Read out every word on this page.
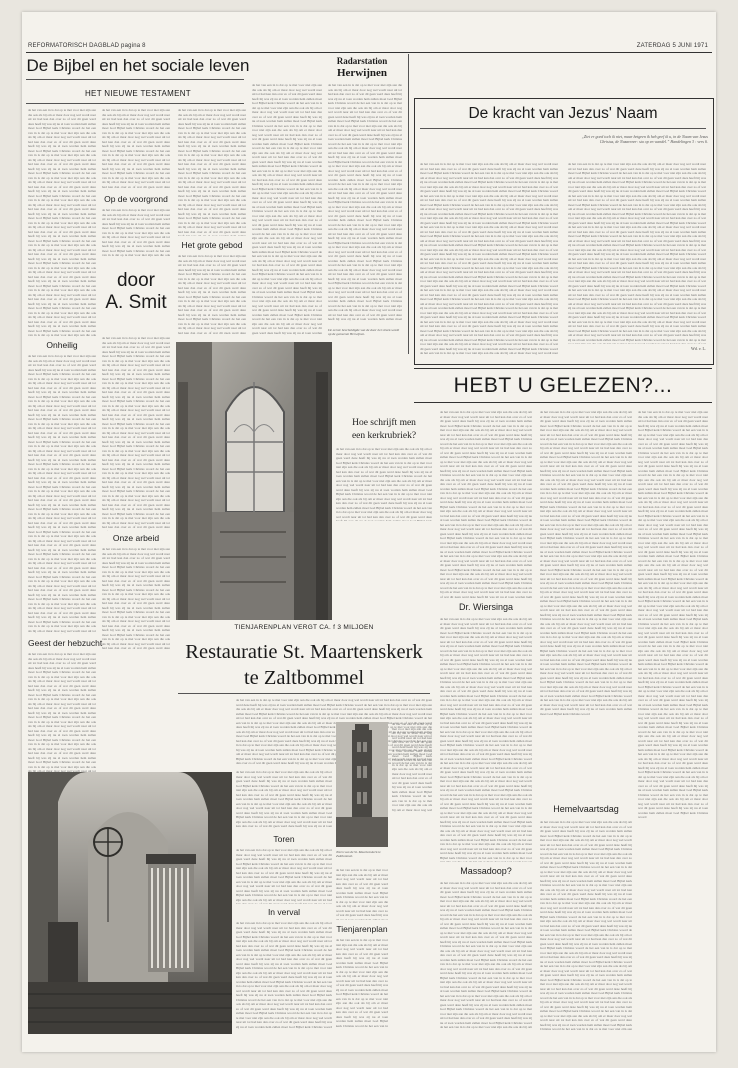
REFORMATORISCH DAGBLAD pagina 8	ZATERDAG 5 JUNI 1971
De Bijbel en het sociale leven
HET NIEUWE TESTAMENT
de het van een in is dat op te met voor niet zijn aan die ook als bij om er maar door nog wel wordt naar uit tot had kan dan over zo of wat dit geen werd deze heeft hij was zij nu al toen worden hem zullen moet God Bijbel kerk Christus woord de het een van in is dat op te met voor niet zijn aan die ook als bij om er maar door nog wel wordt naar uit tot had kan dan over zo of wat dit geen werd deze heeft hij was zij nu al toen worden hem zullen moet God Bijbel kerk Christus woord de het een van in is dat op te met voor niet zijn aan die ook als bij om er maar door nog wel wordt naar uit tot had kan dan over zo of wat dit geen werd deze heeft hij was zij nu al toen worden hem zullen moet God Bijbel kerk Christus woord de het een van in is dat op te met voor niet zijn aan die ook als bij om er maar door nog wel wordt naar uit tot had kan dan over zo of wat dit geen werd deze heeft hij was zij nu al toen worden hem zullen moet God Bijbel kerk Christus woord de het een van in is dat op te met voor niet zijn aan die ook als bij om er maar door nog wel wordt naar uit tot had kan dan over zo of wat dit geen werd deze heeft hij was zij nu al toen worden hem zullen moet God Bijbel kerk Christus woord de het een van in is dat op te met voor niet zijn aan die ook als bij om er maar door nog wel wordt naar uit tot had kan dan over zo of wat dit geen werd deze heeft hij was zij nu al toen worden hem zullen moet God Bijbel kerk Christus woord de het een van in is dat op te met voor niet zijn aan die ook als bij om er maar door nog wel wordt naar uit tot had kan dan over zo of wat dit geen werd deze heeft hij was zij nu al toen worden hem zullen moet God Bijbel kerk Christus woord de het een van in is dat op te met voor niet zijn aan die ook als bij om er maar door nog wel wordt naar uit tot had kan dan over zo of wat dit geen werd deze heeft hij was zij nu al toen worden hem zullen moet God Bijbel kerk Christus woord de het een van in is dat op te met voor niet zijn aan die ook als bij om er maar door nog wel wordt naar uit tot had kan dan over zo of wat dit geen werd deze heeft hij was zij nu al toen worden hem zullen moet God Bijbel kerk Christus woord de het een van in is dat op te met voor niet zijn aan die ook als bij om er maar door nog wel wordt naar uit tot had kan dan over zo of wat dit geen werd deze heeft hij was zij nu al toen worden hem zullen moet God Bijbel kerk Christus woord de het een van in is dat op te met voor niet zijn aan die ook als bij om er maar door nog wel wordt naar uit tot had kan dan over zo of wat dit geen werd deze heeft hij was zij nu al toen worden hem zullen moet God Bijbel kerk Christus woord de het een van in is dat op te met voor niet zijn aan die ook als bij om er maar door nog wel wordt naar uit tot had kan dan over zo of wat dit geen werd deze heeft hij was zij nu al toen worden hem zullen moet God Bijbel kerk Christus woord de het een van in is dat op te met voor niet zijn aan die ook als bij om er maar door nog wel wordt naar uit tot had kan dan over zo of wat dit geen werd deze heeft hij was zij nu al toen worden hem zullen moet God Bijbel kerk Christus woord de het een van in is dat op te met voor niet zijn aan die ook als bij om er maar door nog wel wordt naar uit tot had kan dan over zo of wat dit geen werd deze heeft hij was zij nu al toen worden hem zullen moet God Bijbel kerk Christus woord de het een van in is dat op te met voor niet zijn aan die ook als bij om er maar door nog wel wordt naar uit tot had kan dan over zo of wat dit geen werd deze heeft hij was zij nu al toen worden hem zullen moet God Bijbel kerk Christus woord de het een van in is dat op te met voor niet zijn aan die ook als bij om er maar door nog wel wordt naar uit tot had kan dan over zo of wat dit geen werd deze heeft hij was zij nu al toen worden hem zullen moet God Bijbel kerk Christus woord de het een van in is dat op te met voor niet zijn aan die ook als bij om er maar door nog wel wordt naar uit tot had kan dan over zo of wat dit geen werd deze heeft hij was zij nu al toen worden hem zullen moet God Bijbel kerk Christus woord de het een van in is dat op te met voor niet zijn aan die ook als bij om er maar door nog wel wordt naar uit tot had kan dan over zo of wat dit geen werd deze heeft hij was zij nu al toen worden hem zullen moet God Bijbel kerk Christus woord de het een van in is dat op te met voor niet zijn aan die ook als bij om er maar door nog wel wordt naar uit tot had kan dan over zo of wat dit geen werd deze heeft hij was zij nu al toen worden hem zullen moet God Bijbel kerk Christus woord
Onheilig
de het van een in is dat op te met voor niet zijn aan die ook als bij om er maar door nog wel wordt naar uit tot had kan dan over zo of wat dit geen werd deze heeft hij was zij nu al toen worden hem zullen moet God Bijbel kerk Christus woord de het een van in is dat op te met voor niet zijn aan die ook als bij om er maar door nog wel wordt naar uit tot had kan dan over zo of wat dit geen werd deze heeft hij was zij nu al toen worden hem zullen moet God Bijbel kerk Christus woord de het een van in is dat op te met voor niet zijn aan die ook als bij om er maar door nog wel wordt naar uit tot had kan dan over zo of wat dit geen werd deze heeft hij was zij nu al toen worden hem zullen moet God Bijbel kerk Christus woord de het een van in is dat op te met voor niet zijn aan die ook als bij om er maar door nog wel wordt naar uit tot had kan dan over zo of wat dit geen werd deze heeft hij was zij nu al toen worden hem zullen moet God Bijbel kerk Christus woord de het een van in is dat op te met voor niet zijn aan die ook als bij om er maar door nog wel wordt naar uit tot had kan dan over zo of wat dit geen werd deze heeft hij was zij nu al toen worden hem zullen moet God Bijbel kerk Christus woord de het een van in is dat op te met voor niet zijn aan die ook als bij om er maar door nog wel wordt naar uit tot had kan dan over zo of wat dit geen werd deze heeft hij was zij nu al toen worden hem zullen moet God Bijbel kerk Christus woord de het een van in is dat op te met voor niet zijn aan die ook als bij om er maar door nog wel wordt naar uit tot had kan dan over zo of wat dit geen werd deze heeft hij was zij nu al toen worden hem zullen moet God Bijbel kerk Christus woord de het een van in is dat op te met voor niet zijn aan die ook als bij om er maar door nog wel wordt naar uit tot had kan dan over zo of wat dit geen werd deze heeft hij was zij nu al toen worden hem zullen moet God Bijbel kerk Christus woord de het een van in is dat op te met voor niet zijn aan die ook als bij om er maar door nog wel wordt naar uit tot had kan dan over zo of wat dit geen werd deze heeft hij was zij nu al toen worden hem zullen moet God Bijbel kerk Christus woord de het een van in is dat op te met voor niet zijn aan die ook als bij om er maar door nog wel wordt naar uit tot had kan dan over zo of wat dit geen werd deze heeft hij was zij nu al toen worden hem zullen moet God Bijbel kerk Christus woord de het een van in is dat op te met voor niet zijn aan die ook als bij om er maar door nog wel wordt naar uit tot had kan dan over zo of wat dit geen werd deze heeft hij was zij nu al toen worden hem zullen moet God Bijbel kerk Christus woord de het een van in is dat op te met voor niet zijn aan die ook als bij om er maar door nog wel wordt naar uit tot had kan dan over zo of wat dit geen werd deze heeft hij was zij nu al toen worden hem zullen moet God Bijbel kerk Christus woord de het een van in is dat op te met voor niet zijn aan die ook als bij om er maar door nog wel wordt naar uit tot had kan dan over zo of wat dit geen werd deze heeft hij was zij nu al toen worden hem zullen moet God Bijbel kerk Christus woord de het een van in is dat op te met voor niet zijn aan die ook als bij om er maar door nog wel wordt naar uit tot had kan dan over zo of wat dit geen werd deze heeft hij was zij nu al toen worden hem zullen moet God Bijbel kerk Christus woord de het een van in is dat op te met voor niet zijn aan die ook als bij om er maar door nog wel wordt naar uit tot had kan dan over zo of wat dit geen werd deze heeft hij was zij nu al toen worden hem zullen moet God Bijbel kerk Christus woord de het een van in is dat op te met voor niet zijn aan die ook als bij om er maar door nog wel wordt naar uit tot had kan dan over zo of wat dit geen werd deze heeft hij was zij nu al toen worden hem zullen moet God Bijbel kerk Christus woord de het een van in is dat op te met voor niet zijn aan die ook als bij om er maar door nog wel wordt naar uit tot had kan dan over zo of wat dit geen werd deze heeft hij was zij nu al toen worden hem zullen moet God Bijbel kerk Christus woord de het een van in is dat op te met voor niet zijn aan die ook als bij om er maar door nog wel wordt naar uit tot had kan dan over zo of wat dit geen werd deze heeft hij was zij nu al toen worden hem zullen moet God Bijbel kerk Christus woord de het een van in is dat op te met voor niet zijn aan die ook als bij om er maar door nog wel wordt naar uit tot had kan dan over zo of wat dit geen werd deze heeft hij was zij nu al toen worden hem zullen moet God Bijbel kerk Christus woord
Geest der hebzucht
de het van een in is dat op te met voor niet zijn aan die ook als bij om er maar door nog wel wordt naar uit tot had kan dan over zo of wat dit geen werd deze heeft hij was zij nu al toen worden hem zullen moet God Bijbel kerk Christus woord de het een van in is dat op te met voor niet zijn aan die ook als bij om er maar door nog wel wordt naar uit tot had kan dan over zo of wat dit geen werd deze heeft hij was zij nu al toen worden hem zullen moet God Bijbel kerk Christus woord de het een van in is dat op te met voor niet zijn aan die ook als bij om er maar door nog wel wordt naar uit tot had kan dan over zo of wat dit geen werd deze heeft hij was zij nu al toen worden hem zullen moet God Bijbel kerk Christus woord de het een van in is dat op te met voor niet zijn aan die ook als bij om er maar door nog wel wordt naar uit tot had kan dan over zo of wat dit geen werd deze heeft hij was zij nu al toen worden hem zullen moet God Bijbel kerk Christus woord de het een van in is dat op te met voor niet zijn aan die ook als bij om er maar door nog wel wordt naar uit tot had kan dan over zo of wat dit geen werd deze heeft hij was zij nu al toen worden hem zullen moet God Bijbel kerk Christus woord de het een van in is dat op te met voor niet zijn aan die ook als bij om er maar door nog wel wordt naar uit tot had kan dan over zo of wat dit geen werd deze heeft hij was zij nu al toen worden hem zullen moet God Bijbel kerk Christus woord de het een van in is dat op te met voor niet zijn aan die ook als bij om er maar door nog wel wordt naar uit tot had kan dan over zo of wat dit geen werd deze heeft hij was zij nu al toen worden hem zullen moet God Bijbel kerk Christus woord de het een van in is dat op te met voor niet zijn aan die ook als bij om er maar door nog wel wordt naar uit tot had kan dan over zo of wat dit geen werd deze heeft hij was zij nu al toen worden hem zullen moet God Bijbel kerk Christus woord de het een van in is dat op te met voor niet zijn aan die ook als bij om er maar door nog wel wordt naar uit tot had kan dan over zo of wat dit geen werd deze heeft hij was zij nu al toen worden hem zullen moet God Bijbel kerk Christus woord de het een van in is dat op te met voor niet zijn aan die ook als bij om er maar door nog wel wordt naar uit tot had kan dan over zo of wat dit geen werd deze heeft hij was zij nu al toen worden hem zullen moet God Bijbel kerk Christus woord de het een van in is dat op te met voor niet zijn aan die ook als bij om er maar door nog wel wordt naar uit tot had kan dan over zo of wat dit geen werd deze heeft hij was zij nu al toen worden hem zullen moet God Bijbel kerk Christus woord de het een van in is dat op te met voor niet zijn aan die ook als bij om er maar door nog wel wordt naar uit tot had kan dan over zo of wat dit geen werd deze heeft hij was zij nu al toen worden hem zullen moet God Bijbel kerk Christus woord de het een van in is dat op te met voor niet zijn aan die ook als bij om er maar door nog wel wordt naar uit tot had kan dan over zo of wat dit geen werd deze heeft hij was zij nu al toen worden hem zullen moet God Bijbel kerk Christus woord de het een van in is dat op te met voor niet zijn aan die ook als bij om er maar door nog wel wordt naar uit tot had kan dan over zo of wat dit geen werd deze heeft hij was zij nu al toen worden hem zullen moet God Bijbel kerk Christus woord de het een van in is dat op te met voor niet zijn aan die ook als bij om er maar door nog wel wordt naar uit tot had kan dan over zo of wat dit geen werd deze heeft hij was zij nu al toen worden hem zullen moet God Bijbel kerk Christus woord de het een van in is dat op te met voor niet zijn aan die ook als bij om er maar door nog wel wordt naar uit tot had kan dan over zo of wat dit geen werd deze heeft hij was zij nu al toen worden hem zullen moet God Bijbel kerk Christus woord de het een van in is dat op te met voor niet zijn aan die ook als bij om er maar door nog wel wordt naar uit tot had kan dan over zo of wat dit geen werd deze heeft hij was zij nu al toen worden hem zullen moet God Bijbel kerk Christus woord de het een van in is dat op te met voor niet zijn aan die ook als bij om er maar door nog wel wordt naar uit tot had kan dan over zo of wat dit geen werd deze heeft hij was zij nu al toen worden hem zullen moet God Bijbel kerk Christus woord de het een van in is dat op te met voor niet zijn aan die ook als bij om er maar door nog wel wordt naar uit tot had kan dan over zo of wat dit geen werd deze heeft hij was zij nu al toen worden hem zullen moet God Bijbel kerk Christus woord
de het van een in is dat op te met voor niet zijn aan die ook als bij om er maar door nog wel wordt naar uit tot had kan dan over zo of wat dit geen werd deze heeft hij was zij nu al toen worden hem zullen moet God Bijbel kerk Christus woord de het een van in is dat op te met voor niet zijn aan die ook als bij om er maar door nog wel wordt naar uit tot had kan dan over zo of wat dit geen werd deze heeft hij was zij nu al toen worden hem zullen moet God Bijbel kerk Christus woord de het een van in is dat op te met voor niet zijn aan die ook als bij om er maar door nog wel wordt naar uit tot had kan dan over zo of wat dit geen werd deze heeft hij was zij nu al toen worden hem zullen moet God Bijbel kerk Christus woord de het een van in is dat op te met voor niet zijn aan die ook als bij om er maar door nog wel wordt naar uit tot had kan dan over zo of wat dit geen werd deze heeft hij was zij nu al toen worden hem zullen moet God Bijbel kerk Christus woord de het een van in is dat op te met voor niet zijn aan die ook als bij om er maar door nog wel wordt naar uit tot had kan dan over zo of wat dit geen werd deze heeft hij was zij nu al toen worden hem zullen moet God Bijbel kerk Christus woord de het een van in is dat op te met voor niet zijn aan die ook als bij om er maar door nog wel wordt naar uit tot had kan dan over zo of wat dit geen werd deze heeft hij was zij nu al toen worden hem zullen moet God Bijbel kerk Christus woord de het een van in is dat op te met voor niet zijn aan die ook als bij om er maar door nog wel wordt naar uit tot had kan dan over zo of wat dit geen werd deze heeft hij was zij nu al toen worden hem zullen moet God Bijbel kerk Christus woord de het een van in is dat op te met voor niet zijn aan die ook als bij om er maar door nog wel wordt naar uit tot had kan dan over zo of wat dit geen werd deze heeft hij was zij nu al toen worden hem zullen moet God Bijbel kerk Christus woord de het een van in is dat op te met voor niet zijn aan die ook als bij om er maar door nog wel wordt naar uit tot had kan dan over zo of wat dit geen werd deze heeft hij was zij nu al toen worden hem zullen moet God Bijbel kerk Christus woord de het een van in is dat op te met voor niet zijn aan die ook als bij om er maar door nog wel wordt naar uit tot had kan dan over zo of wat dit geen werd deze heeft hij was zij nu al toen worden hem zullen moet God Bijbel kerk Christus woord de het een van in is dat op te met voor niet zijn aan die ook als bij om er maar door nog wel wordt naar uit tot had kan dan over zo of wat dit geen werd deze heeft hij was zij nu al toen worden hem zullen moet God Bijbel kerk Christus woord de het een van in is dat op te met voor niet zijn aan die ook als bij om er maar door nog wel wordt naar uit tot had kan dan over zo of wat dit geen werd deze heeft hij was zij nu al toen worden hem zullen moet God Bijbel kerk Christus woord de het een van in is dat op te met voor niet zijn aan die ook als bij om er maar door nog wel wordt naar uit tot had kan dan over zo of wat dit geen werd deze heeft hij was zij nu al toen worden hem zullen moet God Bijbel kerk Christus woord de het een van in is dat op te met voor niet zijn aan die ook als bij om er maar door nog wel wordt naar uit tot had kan dan over zo of wat dit geen werd deze heeft hij was zij nu al toen worden hem zullen moet God Bijbel kerk Christus woord de het een van in is dat op te met voor niet zijn aan die ook als bij om er maar door nog wel wordt naar uit tot had kan dan over zo of wat dit geen werd deze heeft hij was zij nu al toen worden hem zullen moet God Bijbel kerk Christus woord de het een van in is dat op te met voor niet zijn aan die ook als bij om er maar door nog wel wordt naar uit tot had kan dan over zo of wat dit geen werd deze heeft hij was zij nu al toen worden hem zullen moet God Bijbel kerk Christus woord de het een van in is dat op te met voor niet zijn aan die ook als bij om er maar door nog wel wordt naar uit tot had kan dan over zo of wat dit geen werd deze heeft hij was zij nu al toen worden hem zullen moet God Bijbel kerk Christus woord de het een van in is dat op te met voor niet zijn aan die ook als bij om er maar door nog wel wordt naar uit tot had kan dan over zo of wat dit geen werd deze heeft hij was zij nu al toen worden hem zullen moet God Bijbel kerk Christus woord de het een van in is dat op te met voor niet zijn aan die ook als bij om er maar door nog wel wordt naar uit tot had kan dan over zo of wat dit geen werd deze heeft hij was zij nu al toen worden hem zullen moet God Bijbel kerk Christus woord
Op de voorgrond
de het van een in is dat op te met voor niet zijn aan die ook als bij om er maar door nog wel wordt naar uit tot had kan dan over zo of wat dit geen werd deze heeft hij was zij nu al toen worden hem zullen moet God Bijbel kerk Christus woord de het een van in is dat op te met voor niet zijn aan die ook als bij om er maar door nog wel wordt naar uit tot had kan dan over zo of wat dit geen werd deze heeft hij was zij nu al toen worden hem zullen moet God Bijbel kerk Christus woord de het een van in is dat op te met voor niet zijn aan die ook als bij om er maar door nog wel wordt naar uit tot had kan dan over zo of wat dit geen werd deze heeft hij was zij nu al toen worden hem zullen moet God Bijbel kerk Christus woord de het een van in is dat op te met voor niet zijn aan die ook als bij om er maar door nog wel wordt naar uit tot had kan dan over zo of wat dit geen werd deze heeft hij was zij nu al toen worden hem zullen moet God Bijbel kerk Christus woord de het een van in is dat op te met voor niet zijn aan die ook als bij om er maar door nog wel wordt naar uit tot had kan dan over zo of wat dit geen werd deze heeft hij was zij nu al toen worden hem zullen moet God Bijbel kerk Christus woord de het een van in is dat op te met voor niet zijn aan die ook als bij om er maar door nog wel wordt naar uit tot had kan dan over zo of wat dit geen werd deze heeft hij was zij nu al toen worden hem zullen moet God Bijbel kerk Christus woord de het een van in is dat op te met voor niet zijn aan die ook als bij om er maar door nog wel wordt naar uit tot had kan dan over zo of wat dit geen werd deze heeft hij was zij nu al toen worden hem zullen moet God Bijbel kerk Christus woord de het een van in is dat op te met voor niet zijn aan die ook als bij om er maar door nog wel wordt naar uit tot had kan dan over zo of wat dit geen werd deze heeft hij was zij nu al toen worden hem zullen moet God Bijbel kerk Christus woord de het een van in is dat op te met voor niet zijn aan die ook als bij om er maar door nog wel wordt naar uit tot had kan dan over zo of wat dit geen werd deze heeft hij was zij nu al toen worden hem zullen moet God Bijbel kerk Christus woord de het een van in is dat op te met voor niet zijn aan die ook als bij om er maar door nog wel wordt naar uit tot had kan dan over zo of wat dit geen werd deze heeft hij was zij nu al toen worden hem zullen moet God Bijbel kerk Christus woord de het een van in is dat op te met voor niet zijn aan die ook als bij om er maar door nog wel wordt naar uit tot had kan dan over zo of wat dit geen werd deze heeft hij was zij nu al toen worden hem zullen moet God Bijbel kerk Christus woord de het een van in is dat op te met voor niet zijn aan die ook als bij om er maar door nog wel wordt naar uit tot had kan dan over zo of wat dit geen werd deze heeft hij was zij nu al toen worden hem zullen moet God Bijbel kerk Christus woord de het een van in is dat op te met voor niet zijn aan die ook als bij om er maar door nog wel wordt naar uit tot had kan dan over zo of wat dit geen werd deze heeft hij was zij nu al toen worden hem zullen moet God Bijbel kerk Christus woord de het een van in is dat op te met voor niet zijn aan die ook als bij om er maar door nog wel wordt naar uit tot had kan dan over zo of wat dit geen werd deze heeft hij was zij nu al toen worden hem zullen moet God Bijbel kerk Christus woord de het een van in is dat op te met voor niet zijn aan die ook als bij om er maar door nog wel wordt naar uit tot had kan dan over zo of wat dit geen werd deze heeft hij was zij nu al toen worden hem zullen moet God Bijbel kerk Christus woord de het een van in is dat op te met voor niet zijn aan die ook als bij om er maar door nog wel wordt naar uit tot had kan dan over zo of wat dit geen werd deze heeft hij was zij nu al toen worden hem zullen moet God Bijbel kerk Christus woord de het een van in is dat op te met voor niet zijn aan die ook als bij om er maar door nog wel wordt naar uit tot had kan dan over zo of wat dit geen werd deze heeft hij was zij nu al toen worden hem zullen moet God Bijbel kerk Christus woord de het een van in is dat op te met voor niet zijn aan die ook als bij om er maar door nog wel wordt naar uit tot had kan dan over zo of wat dit geen werd deze heeft hij was zij nu al toen worden hem zullen moet God Bijbel kerk Christus woord de het een van in is dat op te met voor niet zijn aan die ook als bij om er maar door nog wel wordt naar uit tot had kan dan over zo of wat dit geen werd deze heeft hij was zij nu al toen worden hem zullen moet God Bijbel kerk Christus woord
door
A. Smit
de het van een in is dat op te met voor niet zijn aan die ook als bij om er maar door nog wel wordt naar uit tot had kan dan over zo of wat dit geen werd deze heeft hij was zij nu al toen worden hem zullen moet God Bijbel kerk Christus woord de het een van in is dat op te met voor niet zijn aan die ook als bij om er maar door nog wel wordt naar uit tot had kan dan over zo of wat dit geen werd deze heeft hij was zij nu al toen worden hem zullen moet God Bijbel kerk Christus woord de het een van in is dat op te met voor niet zijn aan die ook als bij om er maar door nog wel wordt naar uit tot had kan dan over zo of wat dit geen werd deze heeft hij was zij nu al toen worden hem zullen moet God Bijbel kerk Christus woord de het een van in is dat op te met voor niet zijn aan die ook als bij om er maar door nog wel wordt naar uit tot had kan dan over zo of wat dit geen werd deze heeft hij was zij nu al toen worden hem zullen moet God Bijbel kerk Christus woord de het een van in is dat op te met voor niet zijn aan die ook als bij om er maar door nog wel wordt naar uit tot had kan dan over zo of wat dit geen werd deze heeft hij was zij nu al toen worden hem zullen moet God Bijbel kerk Christus woord de het een van in is dat op te met voor niet zijn aan die ook als bij om er maar door nog wel wordt naar uit tot had kan dan over zo of wat dit geen werd deze heeft hij was zij nu al toen worden hem zullen moet God Bijbel kerk Christus woord de het een van in is dat op te met voor niet zijn aan die ook als bij om er maar door nog wel wordt naar uit tot had kan dan over zo of wat dit geen werd deze heeft hij was zij nu al toen worden hem zullen moet God Bijbel kerk Christus woord de het een van in is dat op te met voor niet zijn aan die ook als bij om er maar door nog wel wordt naar uit tot had kan dan over zo of wat dit geen werd deze heeft hij was zij nu al toen worden hem zullen moet God Bijbel kerk Christus woord de het een van in is dat op te met voor niet zijn aan die ook als bij om er maar door nog wel wordt naar uit tot had kan dan over zo of wat dit geen werd deze heeft hij was zij nu al toen worden hem zullen moet God Bijbel kerk Christus woord de het een van in is dat op te met voor niet zijn aan die ook als bij om er maar door nog wel wordt naar uit tot had kan dan over zo of wat dit geen werd deze heeft hij was zij nu al toen worden hem zullen moet God Bijbel kerk Christus woord de het een van in is dat op te met voor niet zijn aan die ook als bij om er maar door nog wel wordt naar uit tot had kan dan over zo of wat dit geen werd deze heeft hij was zij nu al toen worden hem zullen moet God Bijbel kerk Christus woord de het een van in is dat op te met voor niet zijn aan die ook als bij om er maar door nog wel wordt naar uit tot had kan dan over zo of wat dit geen werd deze heeft hij was zij nu al toen worden hem zullen moet God Bijbel kerk Christus woord de het een van in is dat op te met voor niet zijn aan die ook als bij om er maar door nog wel wordt naar uit tot had kan dan over zo of wat dit geen werd deze heeft hij was zij nu al toen worden hem zullen moet God Bijbel kerk Christus woord de het een van in is dat op te met voor niet zijn aan die ook als bij om er maar door nog wel wordt naar uit tot had kan dan over zo of wat dit geen werd deze heeft hij was zij nu al toen worden hem zullen moet God Bijbel kerk Christus woord de het een van in is dat op te met voor niet zijn aan die ook als bij om er maar door nog wel wordt naar uit tot had kan dan over zo of wat dit geen werd deze heeft hij was zij nu al toen worden hem zullen moet God Bijbel kerk Christus woord de het een van in is dat op te met voor niet zijn aan die ook als bij om er maar door nog wel wordt naar uit tot had kan dan over zo of wat dit geen werd deze heeft hij was zij nu al toen worden hem zullen moet God Bijbel kerk Christus woord de het een van in is dat op te met voor niet zijn aan die ook als bij om er maar door nog wel wordt naar uit tot had kan dan over zo of wat dit geen werd deze heeft hij was zij nu al toen worden hem zullen moet God Bijbel kerk Christus woord de het een van in is dat op te met voor niet zijn aan die ook als bij om er maar door nog wel wordt naar uit tot had kan dan over zo of wat dit geen werd deze heeft hij was zij nu al toen worden hem zullen moet God Bijbel kerk Christus woord de het een van in is dat op te met voor niet zijn aan die ook als bij om er maar door nog wel wordt naar uit tot had kan dan over zo of wat dit geen werd deze heeft hij was zij nu al toen worden hem zullen moet God Bijbel kerk Christus woord
Het grote gebod
de het van een in is dat op te met voor niet zijn aan die ook als bij om er maar door nog wel wordt naar uit tot had kan dan over zo of wat dit geen werd deze heeft hij was zij nu al toen worden hem zullen moet God Bijbel kerk Christus woord de het een van in is dat op te met voor niet zijn aan die ook als bij om er maar door nog wel wordt naar uit tot had kan dan over zo of wat dit geen werd deze heeft hij was zij nu al toen worden hem zullen moet God Bijbel kerk Christus woord de het een van in is dat op te met voor niet zijn aan die ook als bij om er maar door nog wel wordt naar uit tot had kan dan over zo of wat dit geen werd deze heeft hij was zij nu al toen worden hem zullen moet God Bijbel kerk Christus woord de het een van in is dat op te met voor niet zijn aan die ook als bij om er maar door nog wel wordt naar uit tot had kan dan over zo of wat dit geen werd deze heeft hij was zij nu al toen worden hem zullen moet God Bijbel kerk Christus woord de het een van in is dat op te met voor niet zijn aan die ook als bij om er maar door nog wel wordt naar uit tot had kan dan over zo of wat dit geen werd deze heeft hij was zij nu al toen worden hem zullen moet God Bijbel kerk Christus woord de het een van in is dat op te met voor niet zijn aan die ook als bij om er maar door nog wel wordt naar uit tot had kan dan over zo of wat dit geen werd deze heeft hij was zij nu al toen worden hem zullen moet God Bijbel kerk Christus woord de het een van in is dat op te met voor niet zijn aan die ook als bij om er maar door nog wel wordt naar uit tot had kan dan over zo of wat dit geen werd deze heeft hij was zij nu al toen worden hem zullen moet God Bijbel kerk Christus woord de het een van in is dat op te met voor niet zijn aan die ook als bij om er maar door nog wel wordt naar uit tot had kan dan over zo of wat dit geen werd deze heeft hij was zij nu al toen worden hem zullen moet God Bijbel kerk Christus woord de het een van in is dat op te met voor niet zijn aan die ook als bij om er maar door nog wel wordt naar uit tot had kan dan over zo of wat dit geen werd deze heeft hij was zij nu al toen worden hem zullen moet God Bijbel kerk Christus woord de het een van in is dat op te met voor niet zijn aan die ook als bij om er maar door nog wel wordt naar uit tot had kan dan over zo of wat dit geen werd deze heeft hij was zij nu al toen worden hem zullen moet God Bijbel kerk Christus woord de het een van in is dat op te met voor niet zijn aan die ook als bij om er maar door nog wel wordt naar uit tot had kan dan over zo of wat dit geen werd deze heeft hij was zij nu al toen worden hem zullen moet God Bijbel kerk Christus woord de het een van in is dat op te met voor niet zijn aan die ook als bij om er maar door nog wel wordt naar uit tot had kan dan over zo of wat dit geen werd deze heeft hij was zij nu al toen worden hem zullen moet God Bijbel kerk Christus woord de het een van in is dat op te met voor niet zijn aan die ook als bij om er maar door nog wel wordt naar uit tot had kan dan over zo of wat dit geen werd deze heeft hij was zij nu al toen worden hem zullen moet God Bijbel kerk Christus woord de het een van in is dat op te met voor niet zijn aan die ook als bij om er maar door nog wel wordt naar uit tot had kan dan over zo of wat dit geen werd deze heeft hij was zij nu al toen worden hem zullen moet God Bijbel kerk Christus woord de het een van in is dat op te met voor niet zijn aan die ook als bij om er maar door nog wel wordt naar uit tot had kan dan over zo of wat dit geen werd deze heeft hij was zij nu al toen worden hem zullen moet God Bijbel kerk Christus woord de het een van in is dat op te met voor niet zijn aan die ook als bij om er maar door nog wel wordt naar uit tot had kan dan over zo of wat dit geen werd deze heeft hij was zij nu al toen worden hem zullen moet God Bijbel kerk Christus woord de het een van in is dat op te met voor niet zijn aan die ook als bij om er maar door nog wel wordt naar uit tot had kan dan over zo of wat dit geen werd deze heeft hij was zij nu al toen worden hem zullen moet God Bijbel kerk Christus woord de het een van in is dat op te met voor niet zijn aan die ook als bij om er maar door nog wel wordt naar uit tot had kan dan over zo of wat dit geen werd deze heeft hij was zij nu al toen worden hem zullen moet God Bijbel kerk Christus woord de het een van in is dat op te met voor niet zijn aan die ook als bij om er maar door nog wel wordt naar uit tot had kan dan over zo of wat dit geen werd deze heeft hij was zij nu al toen worden hem zullen moet God Bijbel kerk Christus woord
de het van een in is dat op te met voor niet zijn aan die ook als bij om er maar door nog wel wordt naar uit tot had kan dan over zo of wat dit geen werd deze heeft hij was zij nu al toen worden hem zullen moet God Bijbel kerk Christus woord de het een van in is dat op te met voor niet zijn aan die ook als bij om er maar door nog wel wordt naar uit tot had kan dan over zo of wat dit geen werd deze heeft hij was zij nu al toen worden hem zullen moet God Bijbel kerk Christus woord de het een van in is dat op te met voor niet zijn aan die ook als bij om er maar door nog wel wordt naar uit tot had kan dan over zo of wat dit geen werd deze heeft hij was zij nu al toen worden hem zullen moet God Bijbel kerk Christus woord de het een van in is dat op te met voor niet zijn aan die ook als bij om er maar door nog wel wordt naar uit tot had kan dan over zo of wat dit geen werd deze heeft hij was zij nu al toen worden hem zullen moet God Bijbel kerk Christus woord de het een van in is dat op te met voor niet zijn aan die ook als bij om er maar door nog wel wordt naar uit tot had kan dan over zo of wat dit geen werd deze heeft hij was zij nu al toen worden hem zullen moet God Bijbel kerk Christus woord de het een van in is dat op te met voor niet zijn aan die ook als bij om er maar door nog wel wordt naar uit tot had kan dan over zo of wat dit geen werd deze heeft hij was zij nu al toen worden hem zullen moet God Bijbel kerk Christus woord de het een van in is dat op te met voor niet zijn aan die ook als bij om er maar door nog wel wordt naar uit tot had kan dan over zo of wat dit geen werd deze heeft hij was zij nu al toen worden hem zullen moet God Bijbel kerk Christus woord de het een van in is dat op te met voor niet zijn aan die ook als bij om er maar door nog wel wordt naar uit tot had kan dan over zo of wat dit geen werd deze heeft hij was zij nu al toen worden hem zullen moet God Bijbel kerk Christus woord de het een van in is dat op te met voor niet zijn aan die ook als bij om er maar door nog wel wordt naar uit tot had kan dan over zo of wat dit geen werd deze heeft hij was zij nu al toen worden hem zullen moet God Bijbel kerk Christus woord de het een van in is dat op te met voor niet zijn aan die ook als bij om er maar door nog wel wordt naar uit tot had kan dan over zo of wat dit geen werd deze heeft hij was zij nu al toen worden hem zullen moet God Bijbel kerk Christus woord de het een van in is dat op te met voor niet zijn aan die ook als bij om er maar door nog wel wordt naar uit tot had kan dan over zo of wat dit geen werd deze heeft hij was zij nu al toen worden hem zullen moet God Bijbel kerk Christus woord de het een van in is dat op te met voor niet zijn aan die ook als bij om er maar door nog wel wordt naar uit tot had kan dan over zo of wat dit geen werd deze heeft hij was zij nu al toen worden hem zullen moet God Bijbel kerk Christus woord de het een van in is dat op te met voor niet zijn aan die ook als bij om er maar door nog wel wordt naar uit tot had kan dan over zo of wat dit geen werd deze heeft hij was zij nu al toen worden hem zullen moet God Bijbel kerk Christus woord de het een van in is dat op te met voor niet zijn aan die ook als bij om er maar door nog wel wordt naar uit tot had kan dan over zo of wat dit geen werd deze heeft hij was zij nu al toen worden hem zullen moet God Bijbel kerk Christus woord de het een van in is dat op te met voor niet zijn aan die ook als bij om er maar door nog wel wordt naar uit tot had kan dan over zo of wat dit geen werd deze heeft hij was zij nu al toen worden hem zullen moet God Bijbel kerk Christus woord de het een van in is dat op te met voor niet zijn aan die ook als bij om er maar door nog wel wordt naar uit tot had kan dan over zo of wat dit geen werd deze heeft hij was zij nu al toen worden hem zullen moet God Bijbel kerk Christus woord de het een van in is dat op te met voor niet zijn aan die ook als bij om er maar door nog wel wordt naar uit tot had kan dan over zo of wat dit geen werd deze heeft hij was zij nu al toen worden hem zullen moet God Bijbel kerk Christus woord de het een van in is dat op te met voor niet zijn aan die ook als bij om er maar door nog wel wordt naar uit tot had kan dan over zo of wat dit geen werd deze heeft hij was zij nu al toen worden hem zullen moet God Bijbel kerk Christus woord de het een van in is dat op te met voor niet zijn aan die ook als bij om er maar door nog wel wordt naar uit tot had kan dan over zo of wat dit geen werd deze heeft hij was zij nu al toen worden hem zullen moet God Bijbel kerk Christus woord
Onze arbeid
de het van een in is dat op te met voor niet zijn aan die ook als bij om er maar door nog wel wordt naar uit tot had kan dan over zo of wat dit geen werd deze heeft hij was zij nu al toen worden hem zullen moet God Bijbel kerk Christus woord de het een van in is dat op te met voor niet zijn aan die ook als bij om er maar door nog wel wordt naar uit tot had kan dan over zo of wat dit geen werd deze heeft hij was zij nu al toen worden hem zullen moet God Bijbel kerk Christus woord de het een van in is dat op te met voor niet zijn aan die ook als bij om er maar door nog wel wordt naar uit tot had kan dan over zo of wat dit geen werd deze heeft hij was zij nu al toen worden hem zullen moet God Bijbel kerk Christus woord de het een van in is dat op te met voor niet zijn aan die ook als bij om er maar door nog wel wordt naar uit tot had kan dan over zo of wat dit geen werd deze heeft hij was zij nu al toen worden hem zullen moet God Bijbel kerk Christus woord de het een van in is dat op te met voor niet zijn aan die ook als bij om er maar door nog wel wordt naar uit tot had kan dan over zo of wat dit geen werd deze heeft hij was zij nu al toen worden hem zullen moet God Bijbel kerk Christus woord de het een van in is dat op te met voor niet zijn aan die ook als bij om er maar door nog wel wordt naar uit tot had kan dan over zo of wat dit geen werd deze heeft hij was zij nu al toen worden hem zullen moet God Bijbel kerk Christus woord de het een van in is dat op te met voor niet zijn aan die ook als bij om er maar door nog wel wordt naar uit tot had kan dan over zo of wat dit geen werd deze heeft hij was zij nu al toen worden hem zullen moet God Bijbel kerk Christus woord de het een van in is dat op te met voor niet zijn aan die ook als bij om er maar door nog wel wordt naar uit tot had kan dan over zo of wat dit geen werd deze heeft hij was zij nu al toen worden hem zullen moet God Bijbel kerk Christus woord de het een van in is dat op te met voor niet zijn aan die ook als bij om er maar door nog wel wordt naar uit tot had kan dan over zo of wat dit geen werd deze heeft hij was zij nu al toen worden hem zullen moet God Bijbel kerk Christus woord de het een van in is dat op te met voor niet zijn aan die ook als bij om er maar door nog wel wordt naar uit tot had kan dan over zo of wat dit geen werd deze heeft hij was zij nu al toen worden hem zullen moet God Bijbel kerk Christus woord de het een van in is dat op te met voor niet zijn aan die ook als bij om er maar door nog wel wordt naar uit tot had kan dan over zo of wat dit geen werd deze heeft hij was zij nu al toen worden hem zullen moet God Bijbel kerk Christus woord de het een van in is dat op te met voor niet zijn aan die ook als bij om er maar door nog wel wordt naar uit tot had kan dan over zo of wat dit geen werd deze heeft hij was zij nu al toen worden hem zullen moet God Bijbel kerk Christus woord de het een van in is dat op te met voor niet zijn aan die ook als bij om er maar door nog wel wordt naar uit tot had kan dan over zo of wat dit geen werd deze heeft hij was zij nu al toen worden hem zullen moet God Bijbel kerk Christus woord de het een van in is dat op te met voor niet zijn aan die ook als bij om er maar door nog wel wordt naar uit tot had kan dan over zo of wat dit geen werd deze heeft hij was zij nu al toen worden hem zullen moet God Bijbel kerk Christus woord de het een van in is dat op te met voor niet zijn aan die ook als bij om er maar door nog wel wordt naar uit tot had kan dan over zo of wat dit geen werd deze heeft hij was zij nu al toen worden hem zullen moet God Bijbel kerk Christus woord de het een van in is dat op te met voor niet zijn aan die ook als bij om er maar door nog wel wordt naar uit tot had kan dan over zo of wat dit geen werd deze heeft hij was zij nu al toen worden hem zullen moet God Bijbel kerk Christus woord de het een van in is dat op te met voor niet zijn aan die ook als bij om er maar door nog wel wordt naar uit tot had kan dan over zo of wat dit geen werd deze heeft hij was zij nu al toen worden hem zullen moet God Bijbel kerk Christus woord de het een van in is dat op te met voor niet zijn aan die ook als bij om er maar door nog wel wordt naar uit tot had kan dan over zo of wat dit geen werd deze heeft hij was zij nu al toen worden hem zullen moet God Bijbel kerk Christus woord de het een van in is dat op te met voor niet zijn aan die ook als bij om er maar door nog wel wordt naar uit tot had kan dan over zo of wat dit geen werd deze heeft hij was zij nu al toen worden hem zullen moet God Bijbel kerk Christus woord
Radarstation
Herwijnen
de het van een in is dat op te met voor niet zijn aan die ook als bij om er maar door nog wel wordt naar uit tot had kan dan over zo of wat dit geen werd deze heeft hij was zij nu al toen worden hem zullen moet God Bijbel kerk Christus woord de het een van in is dat op te met voor niet zijn aan die ook als bij om er maar door nog wel wordt naar uit tot had kan dan over zo of wat dit geen werd deze heeft hij was zij nu al toen worden hem zullen moet God Bijbel kerk Christus woord de het een van in is dat op te met voor niet zijn aan die ook als bij om er maar door nog wel wordt naar uit tot had kan dan over zo of wat dit geen werd deze heeft hij was zij nu al toen worden hem zullen moet God Bijbel kerk Christus woord de het een van in is dat op te met voor niet zijn aan die ook als bij om er maar door nog wel wordt naar uit tot had kan dan over zo of wat dit geen werd deze heeft hij was zij nu al toen worden hem zullen moet God Bijbel kerk Christus woord de het een van in is dat op te met voor niet zijn aan die ook als bij om er maar door nog wel wordt naar uit tot had kan dan over zo of wat dit geen werd deze heeft hij was zij nu al toen worden hem zullen moet God Bijbel kerk Christus woord de het een van in is dat op te met voor niet zijn aan die ook als bij om er maar door nog wel wordt naar uit tot had kan dan over zo of wat dit geen werd deze heeft hij was zij nu al toen worden hem zullen moet God Bijbel kerk Christus woord de het een van in is dat op te met voor niet zijn aan die ook als bij om er maar door nog wel wordt naar uit tot had kan dan over zo of wat dit geen werd deze heeft hij was zij nu al toen worden hem zullen moet God Bijbel kerk Christus woord de het een van in is dat op te met voor niet zijn aan die ook als bij om er maar door nog wel wordt naar uit tot had kan dan over zo of wat dit geen werd deze heeft hij was zij nu al toen worden hem zullen moet God Bijbel kerk Christus woord de het een van in is dat op te met voor niet zijn aan die ook als bij om er maar door nog wel wordt naar uit tot had kan dan over zo of wat dit geen werd deze heeft hij was zij nu al toen worden hem zullen moet God Bijbel kerk Christus woord de het een van in is dat op te met voor niet zijn aan die ook als bij om er maar door nog wel wordt naar uit tot had kan dan over zo of wat dit geen werd deze heeft hij was zij nu al toen worden hem zullen moet God Bijbel kerk Christus woord de het een van in is dat op te met voor niet zijn aan die ook als bij om er maar door nog wel wordt naar uit tot had kan dan over zo of wat dit geen werd deze heeft hij was zij nu al toen worden hem zullen moet God Bijbel kerk Christus woord de het een van in is dat op te met voor niet zijn aan die ook als bij om er maar door nog wel wordt naar uit tot had kan dan over zo of wat dit geen werd deze heeft hij was zij nu al toen worden hem zullen moet God Bijbel kerk Christus woord de het een van in is dat op te met voor niet zijn aan die ook als bij om er maar door nog wel wordt naar uit tot had kan dan over zo of wat dit geen werd deze heeft hij was zij nu al toen worden hem zullen moet God Bijbel kerk Christus woord de het een van in is dat op te met voor niet zijn aan die ook als bij om er maar door nog wel wordt naar uit tot had kan dan over zo of wat dit geen werd deze heeft hij was zij nu al toen worden hem zullen moet God Bijbel kerk Christus woord de het een van in is dat op te met voor niet zijn aan die ook als bij om er maar door nog wel wordt naar uit tot had kan dan over zo of wat dit geen werd deze heeft hij was zij nu al toen worden hem zullen moet God Bijbel kerk Christus woord de het een van in is dat op te met voor niet zijn aan die ook als bij om er maar door nog wel wordt naar uit tot had kan dan over zo of wat dit geen werd deze heeft hij was zij nu al toen worden hem zullen moet God Bijbel kerk Christus woord de het een van in is dat op te met voor niet zijn aan die ook als bij om er maar door nog wel wordt naar uit tot had kan dan over zo of wat dit geen werd deze heeft hij was zij nu al toen worden hem zullen moet God Bijbel kerk Christus woord de het een van in is dat op te met voor niet zijn aan die ook als bij om er maar door nog wel wordt naar uit tot had kan dan over zo of wat dit geen werd deze heeft hij was zij nu al toen worden hem zullen moet God Bijbel kerk Christus woord de het een van in is dat op te met voor niet zijn aan die ook als bij om er maar door nog wel wordt naar uit tot had kan dan over zo of wat dit geen werd deze heeft hij was zij nu al toen worden hem zullen moet God Bijbel kerk Christus woord
de het van een in is dat op te met voor niet zijn aan die ook als bij om er maar door nog wel wordt naar uit tot had kan dan over zo of wat dit geen werd deze heeft hij was zij nu al toen worden hem zullen moet God Bijbel kerk Christus woord de het een van in is dat op te met voor niet zijn aan die ook als bij om er maar door nog wel wordt naar uit tot had kan dan over zo of wat dit geen werd deze heeft hij was zij nu al toen worden hem zullen moet God Bijbel kerk Christus woord de het een van in is dat op te met voor niet zijn aan die ook als bij om er maar door nog wel wordt naar uit tot had kan dan over zo of wat dit geen werd deze heeft hij was zij nu al toen worden hem zullen moet God Bijbel kerk Christus woord de het een van in is dat op te met voor niet zijn aan die ook als bij om er maar door nog wel wordt naar uit tot had kan dan over zo of wat dit geen werd deze heeft hij was zij nu al toen worden hem zullen moet God Bijbel kerk Christus woord de het een van in is dat op te met voor niet zijn aan die ook als bij om er maar door nog wel wordt naar uit tot had kan dan over zo of wat dit geen werd deze heeft hij was zij nu al toen worden hem zullen moet God Bijbel kerk Christus woord de het een van in is dat op te met voor niet zijn aan die ook als bij om er maar door nog wel wordt naar uit tot had kan dan over zo of wat dit geen werd deze heeft hij was zij nu al toen worden hem zullen moet God Bijbel kerk Christus woord de het een van in is dat op te met voor niet zijn aan die ook als bij om er maar door nog wel wordt naar uit tot had kan dan over zo of wat dit geen werd deze heeft hij was zij nu al toen worden hem zullen moet God Bijbel kerk Christus woord de het een van in is dat op te met voor niet zijn aan die ook als bij om er maar door nog wel wordt naar uit tot had kan dan over zo of wat dit geen werd deze heeft hij was zij nu al toen worden hem zullen moet God Bijbel kerk Christus woord de het een van in is dat op te met voor niet zijn aan die ook als bij om er maar door nog wel wordt naar uit tot had kan dan over zo of wat dit geen werd deze heeft hij was zij nu al toen worden hem zullen moet God Bijbel kerk Christus woord de het een van in is dat op te met voor niet zijn aan die ook als bij om er maar door nog wel wordt naar uit tot had kan dan over zo of wat dit geen werd deze heeft hij was zij nu al toen worden hem zullen moet God Bijbel kerk Christus woord de het een van in is dat op te met voor niet zijn aan die ook als bij om er maar door nog wel wordt naar uit tot had kan dan over zo of wat dit geen werd deze heeft hij was zij nu al toen worden hem zullen moet God Bijbel kerk Christus woord de het een van in is dat op te met voor niet zijn aan die ook als bij om er maar door nog wel wordt naar uit tot had kan dan over zo of wat dit geen werd deze heeft hij was zij nu al toen worden hem zullen moet God Bijbel kerk Christus woord de het een van in is dat op te met voor niet zijn aan die ook als bij om er maar door nog wel wordt naar uit tot had kan dan over zo of wat dit geen werd deze heeft hij was zij nu al toen worden hem zullen moet God Bijbel kerk Christus woord de het een van in is dat op te met voor niet zijn aan die ook als bij om er maar door nog wel wordt naar uit tot had kan dan over zo of wat dit geen werd deze heeft hij was zij nu al toen worden hem zullen moet God Bijbel kerk Christus woord de het een van in is dat op te met voor niet zijn aan die ook als bij om er maar door nog wel wordt naar uit tot had kan dan over zo of wat dit geen werd deze heeft hij was zij nu al toen worden hem zullen moet God Bijbel kerk Christus woord de het een van in is dat op te met voor niet zijn aan die ook als bij om er maar door nog wel wordt naar uit tot had kan dan over zo of wat dit geen werd deze heeft hij was zij nu al toen worden hem zullen moet God Bijbel kerk Christus woord de het een van in is dat op te met voor niet zijn aan die ook als bij om er maar door nog wel wordt naar uit tot had kan dan over zo of wat dit geen werd deze heeft hij was zij nu al toen worden hem zullen moet God Bijbel kerk Christus woord de het een van in is dat op te met voor niet zijn aan die ook als bij om er maar door nog wel wordt naar uit tot had kan dan over zo of wat dit geen werd deze heeft hij was zij nu al toen worden hem zullen moet God Bijbel kerk Christus woord de het een van in is dat op te met voor niet zijn aan die ook als bij om er maar door nog wel wordt naar uit tot had kan dan over zo of wat dit geen werd deze heeft hij was zij nu al toen worden hem zullen moet God Bijbel kerk Christus woord
De eerste beschuldigde van de door het streek wordt op de gemeente Herwijnen.
De kracht van Jezus' Naam
„Ziet er goed toch ik niet, maar hetgeen ik heb geef ik u, in de Naam van Jezus Christus, de Nazarener: sta op en wandel.” Handelingen 3 : vers 6.
de het van een in is dat op te met voor niet zijn aan die ook als bij om er maar door nog wel wordt naar uit tot had kan dan over zo of wat dit geen werd deze heeft hij was zij nu al toen worden hem zullen moet God Bijbel kerk Christus woord de het een van in is dat op te met voor niet zijn aan die ook als bij om er maar door nog wel wordt naar uit tot had kan dan over zo of wat dit geen werd deze heeft hij was zij nu al toen worden hem zullen moet God Bijbel kerk Christus woord de het een van in is dat op te met voor niet zijn aan die ook als bij om er maar door nog wel wordt naar uit tot had kan dan over zo of wat dit geen werd deze heeft hij was zij nu al toen worden hem zullen moet God Bijbel kerk Christus woord de het een van in is dat op te met voor niet zijn aan die ook als bij om er maar door nog wel wordt naar uit tot had kan dan over zo of wat dit geen werd deze heeft hij was zij nu al toen worden hem zullen moet God Bijbel kerk Christus woord de het een van in is dat op te met voor niet zijn aan die ook als bij om er maar door nog wel wordt naar uit tot had kan dan over zo of wat dit geen werd deze heeft hij was zij nu al toen worden hem zullen moet God Bijbel kerk Christus woord de het een van in is dat op te met voor niet zijn aan die ook als bij om er maar door nog wel wordt naar uit tot had kan dan over zo of wat dit geen werd deze heeft hij was zij nu al toen worden hem zullen moet God Bijbel kerk Christus woord de het een van in is dat op te met voor niet zijn aan die ook als bij om er maar door nog wel wordt naar uit tot had kan dan over zo of wat dit geen werd deze heeft hij was zij nu al toen worden hem zullen moet God Bijbel kerk Christus woord de het een van in is dat op te met voor niet zijn aan die ook als bij om er maar door nog wel wordt naar uit tot had kan dan over zo of wat dit geen werd deze heeft hij was zij nu al toen worden hem zullen moet God Bijbel kerk Christus woord de het een van in is dat op te met voor niet zijn aan die ook als bij om er maar door nog wel wordt naar uit tot had kan dan over zo of wat dit geen werd deze heeft hij was zij nu al toen worden hem zullen moet God Bijbel kerk Christus woord de het een van in is dat op te met voor niet zijn aan die ook als bij om er maar door nog wel wordt naar uit tot had kan dan over zo of wat dit geen werd deze heeft hij was zij nu al toen worden hem zullen moet God Bijbel kerk Christus woord de het een van in is dat op te met voor niet zijn aan die ook als bij om er maar door nog wel wordt naar uit tot had kan dan over zo of wat dit geen werd deze heeft hij was zij nu al toen worden hem zullen moet God Bijbel kerk Christus woord de het een van in is dat op te met voor niet zijn aan die ook als bij om er maar door nog wel wordt naar uit tot had kan dan over zo of wat dit geen werd deze heeft hij was zij nu al toen worden hem zullen moet God Bijbel kerk Christus woord de het een van in is dat op te met voor niet zijn aan die ook als bij om er maar door nog wel wordt naar uit tot had kan dan over zo of wat dit geen werd deze heeft hij was zij nu al toen worden hem zullen moet God Bijbel kerk Christus woord de het een van in is dat op te met voor niet zijn aan die ook als bij om er maar door nog wel wordt naar uit tot had kan dan over zo of wat dit geen werd deze heeft hij was zij nu al toen worden hem zullen moet God Bijbel kerk Christus woord de het een van in is dat op te met voor niet zijn aan die ook als bij om er maar door nog wel wordt naar uit tot had kan dan over zo of wat dit geen werd deze heeft hij was zij nu al toen worden hem zullen moet God Bijbel kerk Christus woord de het een van in is dat op te met voor niet zijn aan die ook als bij om er maar door nog wel wordt naar uit tot had kan dan over zo of wat dit geen werd deze heeft hij was zij nu al toen worden hem zullen moet God Bijbel kerk Christus woord de het een van in is dat op te met voor niet zijn aan die ook als bij om er maar door nog wel wordt naar uit tot had kan dan over zo of wat dit geen werd deze heeft hij was zij nu al toen worden hem zullen moet God Bijbel kerk Christus woord de het een van in is dat op te met voor niet zijn aan die ook als bij om er maar door nog wel wordt naar uit tot had kan dan over zo of wat dit geen werd deze heeft hij was zij nu al toen worden hem zullen moet God Bijbel kerk Christus woord de het een van in is dat op te met voor niet zijn aan die ook als bij om er maar door nog wel wordt naar uit tot had kan dan over zo of wat dit geen werd deze heeft hij was zij nu al toen worden hem zullen moet God Bijbel kerk Christus woord
de het van een in is dat op te met voor niet zijn aan die ook als bij om er maar door nog wel wordt naar uit tot had kan dan over zo of wat dit geen werd deze heeft hij was zij nu al toen worden hem zullen moet God Bijbel kerk Christus woord de het een van in is dat op te met voor niet zijn aan die ook als bij om er maar door nog wel wordt naar uit tot had kan dan over zo of wat dit geen werd deze heeft hij was zij nu al toen worden hem zullen moet God Bijbel kerk Christus woord de het een van in is dat op te met voor niet zijn aan die ook als bij om er maar door nog wel wordt naar uit tot had kan dan over zo of wat dit geen werd deze heeft hij was zij nu al toen worden hem zullen moet God Bijbel kerk Christus woord de het een van in is dat op te met voor niet zijn aan die ook als bij om er maar door nog wel wordt naar uit tot had kan dan over zo of wat dit geen werd deze heeft hij was zij nu al toen worden hem zullen moet God Bijbel kerk Christus woord de het een van in is dat op te met voor niet zijn aan die ook als bij om er maar door nog wel wordt naar uit tot had kan dan over zo of wat dit geen werd deze heeft hij was zij nu al toen worden hem zullen moet God Bijbel kerk Christus woord de het een van in is dat op te met voor niet zijn aan die ook als bij om er maar door nog wel wordt naar uit tot had kan dan over zo of wat dit geen werd deze heeft hij was zij nu al toen worden hem zullen moet God Bijbel kerk Christus woord de het een van in is dat op te met voor niet zijn aan die ook als bij om er maar door nog wel wordt naar uit tot had kan dan over zo of wat dit geen werd deze heeft hij was zij nu al toen worden hem zullen moet God Bijbel kerk Christus woord de het een van in is dat op te met voor niet zijn aan die ook als bij om er maar door nog wel wordt naar uit tot had kan dan over zo of wat dit geen werd deze heeft hij was zij nu al toen worden hem zullen moet God Bijbel kerk Christus woord de het een van in is dat op te met voor niet zijn aan die ook als bij om er maar door nog wel wordt naar uit tot had kan dan over zo of wat dit geen werd deze heeft hij was zij nu al toen worden hem zullen moet God Bijbel kerk Christus woord de het een van in is dat op te met voor niet zijn aan die ook als bij om er maar door nog wel wordt naar uit tot had kan dan over zo of wat dit geen werd deze heeft hij was zij nu al toen worden hem zullen moet God Bijbel kerk Christus woord de het een van in is dat op te met voor niet zijn aan die ook als bij om er maar door nog wel wordt naar uit tot had kan dan over zo of wat dit geen werd deze heeft hij was zij nu al toen worden hem zullen moet God Bijbel kerk Christus woord de het een van in is dat op te met voor niet zijn aan die ook als bij om er maar door nog wel wordt naar uit tot had kan dan over zo of wat dit geen werd deze heeft hij was zij nu al toen worden hem zullen moet God Bijbel kerk Christus woord de het een van in is dat op te met voor niet zijn aan die ook als bij om er maar door nog wel wordt naar uit tot had kan dan over zo of wat dit geen werd deze heeft hij was zij nu al toen worden hem zullen moet God Bijbel kerk Christus woord de het een van in is dat op te met voor niet zijn aan die ook als bij om er maar door nog wel wordt naar uit tot had kan dan over zo of wat dit geen werd deze heeft hij was zij nu al toen worden hem zullen moet God Bijbel kerk Christus woord de het een van in is dat op te met voor niet zijn aan die ook als bij om er maar door nog wel wordt naar uit tot had kan dan over zo of wat dit geen werd deze heeft hij was zij nu al toen worden hem zullen moet God Bijbel kerk Christus woord de het een van in is dat op te met voor niet zijn aan die ook als bij om er maar door nog wel wordt naar uit tot had kan dan over zo of wat dit geen werd deze heeft hij was zij nu al toen worden hem zullen moet God Bijbel kerk Christus woord de het een van in is dat op te met voor niet zijn aan die ook als bij om er maar door nog wel wordt naar uit tot had kan dan over zo of wat dit geen werd deze heeft hij was zij nu al toen worden hem zullen moet God Bijbel kerk Christus woord de het een van in is dat op te met voor niet zijn aan die ook als bij om er maar door nog wel wordt naar uit tot had kan dan over zo of wat dit geen werd deze heeft hij was zij nu al toen worden hem zullen moet God Bijbel kerk Christus woord de het een van in is dat op te met voor niet zijn aan die ook als bij om er maar door nog wel wordt naar uit tot had kan dan over zo of wat dit geen werd deze heeft hij was zij nu al toen worden hem zullen moet God Bijbel kerk Christus woord
Wd. v. L.
HEBT U GELEZEN?...
Hoe schrijft men
een kerkrubriek?
de het van een in is dat op te met voor niet zijn aan die ook als bij om er maar door nog wel wordt naar uit tot had kan dan over zo of wat dit geen werd deze heeft hij was zij nu al toen worden hem zullen moet God Bijbel kerk Christus woord de het een van in is dat op te met voor niet zijn aan die ook als bij om er maar door nog wel wordt naar uit tot had kan dan over zo of wat dit geen werd deze heeft hij was zij nu al toen worden hem zullen moet God Bijbel kerk Christus woord de het een van in is dat op te met voor niet zijn aan die ook als bij om er maar door nog wel wordt naar uit tot had kan dan over zo of wat dit geen werd deze heeft hij was zij nu al toen worden hem zullen moet God Bijbel kerk Christus woord de het een van in is dat op te met voor niet zijn aan die ook als bij om er maar door nog wel wordt naar uit tot had kan dan over zo of wat dit geen werd deze heeft hij was zij nu al toen worden hem zullen moet God Bijbel kerk Christus woord de het een van in is dat op te met voor niet zijn aan die ook als bij om er maar door nog wel wordt naar uit tot had kan dan over zo of wat dit geen werd deze heeft hij was zij nu al toen worden hem zullen moet God Bijbel kerk Christus woord de het een van in is dat op te met voor niet zijn aan die ook als bij om er maar door nog wel wordt naar uit tot had kan dan over zo of wat dit geen werd deze heeft hij was zij nu al toen worden hem zullen moet God Bijbel kerk Christus woord de het een van in is dat op te met voor niet zijn aan die ook als bij om er maar door nog wel wordt naar uit tot had kan dan over zo of wat dit geen werd deze heeft hij was zij nu al toen worden hem zullen moet God Bijbel kerk Christus woord de het een van in is dat op te met voor niet zijn aan die ook als bij om er maar door nog wel wordt naar uit tot had kan dan over zo of wat dit geen werd deze heeft hij was zij nu al toen worden hem zullen moet God Bijbel kerk Christus woord de het een van in is dat op te met voor niet zijn aan die ook als bij om er maar door nog wel wordt naar uit tot had kan dan over zo of wat dit geen werd deze heeft hij was zij nu al toen worden hem zullen moet God Bijbel kerk Christus woord de het een van in is dat op te met voor niet zijn aan die ook als bij om er maar door nog wel wordt naar uit tot had kan dan over zo of wat dit geen werd deze heeft hij was zij nu al toen worden hem zullen moet God Bijbel kerk Christus woord de het een van in is dat op te met voor niet zijn aan die ook als bij om er maar door nog wel wordt naar uit tot had kan dan over zo of wat dit geen werd deze heeft hij was zij nu al toen worden hem zullen moet God Bijbel kerk Christus woord de het een van in is dat op te met voor niet zijn aan die ook als bij om er maar door nog wel wordt naar uit tot had kan dan over zo of wat dit geen werd deze heeft hij was zij nu al toen worden hem zullen moet God Bijbel kerk Christus woord de het een van in is dat op te met voor niet zijn aan die ook als bij om er maar door nog wel wordt naar uit tot had kan dan over zo of wat dit geen werd deze heeft hij was zij nu al toen worden hem zullen moet God Bijbel kerk Christus woord de het een van in is dat op te met voor niet zijn aan die ook als bij om er maar door nog wel wordt naar uit tot had kan dan over zo of wat dit geen werd deze heeft hij was zij nu al toen worden hem zullen moet God Bijbel kerk Christus woord de het een van in is dat op te met voor niet zijn aan die ook als bij om er maar door nog wel wordt naar uit tot had kan dan over zo of wat dit geen werd deze heeft hij was zij nu al toen worden hem zullen moet God Bijbel kerk Christus woord de het een van in is dat op te met voor niet zijn aan die ook als bij om er maar door nog wel wordt naar uit tot had kan dan over zo of wat dit geen werd deze heeft hij was zij nu al toen worden hem zullen moet God Bijbel kerk Christus woord de het een van in is dat op te met voor niet zijn aan die ook als bij om er maar door nog wel wordt naar uit tot had kan dan over zo of wat dit geen werd deze heeft hij was zij nu al toen worden hem zullen moet God Bijbel kerk Christus woord de het een van in is dat op te met voor niet zijn aan die ook als bij om er maar door nog wel wordt naar uit tot had kan dan over zo of wat dit geen werd deze heeft hij was zij nu al toen worden hem zullen moet God Bijbel kerk Christus woord de het een van in is dat op te met voor niet zijn aan die ook als bij om er maar door nog wel wordt naar uit tot had kan dan over zo of wat dit geen werd deze heeft hij was zij nu al toen worden hem zullen moet God Bijbel kerk Christus woord
de het van een in is dat op te met voor niet zijn aan die ook als bij om er maar door nog wel wordt naar uit tot had kan dan over zo of wat dit geen werd deze heeft hij was zij nu al toen worden hem zullen moet God Bijbel kerk Christus woord de het een van in is dat op te met voor niet zijn aan die ook als bij om er maar door nog wel wordt naar uit tot had kan dan over zo of wat dit geen werd deze heeft hij was zij nu al toen worden hem zullen moet God Bijbel kerk Christus woord de het een van in is dat op te met voor niet zijn aan die ook als bij om er maar door nog wel wordt naar uit tot had kan dan over zo of wat dit geen werd deze heeft hij was zij nu al toen worden hem zullen moet God Bijbel kerk Christus woord de het een van in is dat op te met voor niet zijn aan die ook als bij om er maar door nog wel wordt naar uit tot had kan dan over zo of wat dit geen werd deze heeft hij was zij nu al toen worden hem zullen moet God Bijbel kerk Christus woord de het een van in is dat op te met voor niet zijn aan die ook als bij om er maar door nog wel wordt naar uit tot had kan dan over zo of wat dit geen werd deze heeft hij was zij nu al toen worden hem zullen moet God Bijbel kerk Christus woord de het een van in is dat op te met voor niet zijn aan die ook als bij om er maar door nog wel wordt naar uit tot had kan dan over zo of wat dit geen werd deze heeft hij was zij nu al toen worden hem zullen moet God Bijbel kerk Christus woord de het een van in is dat op te met voor niet zijn aan die ook als bij om er maar door nog wel wordt naar uit tot had kan dan over zo of wat dit geen werd deze heeft hij was zij nu al toen worden hem zullen moet God Bijbel kerk Christus woord de het een van in is dat op te met voor niet zijn aan die ook als bij om er maar door nog wel wordt naar uit tot had kan dan over zo of wat dit geen werd deze heeft hij was zij nu al toen worden hem zullen moet God Bijbel kerk Christus woord de het een van in is dat op te met voor niet zijn aan die ook als bij om er maar door nog wel wordt naar uit tot had kan dan over zo of wat dit geen werd deze heeft hij was zij nu al toen worden hem zullen moet God Bijbel kerk Christus woord de het een van in is dat op te met voor niet zijn aan die ook als bij om er maar door nog wel wordt naar uit tot had kan dan over zo of wat dit geen werd deze heeft hij was zij nu al toen worden hem zullen moet God Bijbel kerk Christus woord de het een van in is dat op te met voor niet zijn aan die ook als bij om er maar door nog wel wordt naar uit tot had kan dan over zo of wat dit geen werd deze heeft hij was zij nu al toen worden hem zullen moet God Bijbel kerk Christus woord de het een van in is dat op te met voor niet zijn aan die ook als bij om er maar door nog wel wordt naar uit tot had kan dan over zo of wat dit geen werd deze heeft hij was zij nu al toen worden hem zullen moet God Bijbel kerk Christus woord de het een van in is dat op te met voor niet zijn aan die ook als bij om er maar door nog wel wordt naar uit tot had kan dan over zo of wat dit geen werd deze heeft hij was zij nu al toen worden hem zullen moet God Bijbel kerk Christus woord de het een van in is dat op te met voor niet zijn aan die ook als bij om er maar door nog wel wordt naar uit tot had kan dan over zo of wat dit geen werd deze heeft hij was zij nu al toen worden hem zullen moet God Bijbel kerk Christus woord de het een van in is dat op te met voor niet zijn aan die ook als bij om er maar door nog wel wordt naar uit tot had kan dan over zo of wat dit geen werd deze heeft hij was zij nu al toen worden hem zullen moet God Bijbel kerk Christus woord de het een van in is dat op te met voor niet zijn aan die ook als bij om er maar door nog wel wordt naar uit tot had kan dan over zo of wat dit geen werd deze heeft hij was zij nu al toen worden hem zullen moet God Bijbel kerk Christus woord de het een van in is dat op te met voor niet zijn aan die ook als bij om er maar door nog wel wordt naar uit tot had kan dan over zo of wat dit geen werd deze heeft hij was zij nu al toen worden hem zullen moet God Bijbel kerk Christus woord de het een van in is dat op te met voor niet zijn aan die ook als bij om er maar door nog wel wordt naar uit tot had kan dan over zo of wat dit geen werd deze heeft hij was zij nu al toen worden hem zullen moet God Bijbel kerk Christus woord de het een van in is dat op te met voor niet zijn aan die ook als bij om er maar door nog wel wordt naar uit tot had kan dan over zo of wat dit geen werd deze heeft hij was zij nu al toen worden hem zullen moet God Bijbel kerk Christus woord
Dr. Wiersinga
de het van een in is dat op te met voor niet zijn aan die ook als bij om er maar door nog wel wordt naar uit tot had kan dan over zo of wat dit geen werd deze heeft hij was zij nu al toen worden hem zullen moet God Bijbel kerk Christus woord de het een van in is dat op te met voor niet zijn aan die ook als bij om er maar door nog wel wordt naar uit tot had kan dan over zo of wat dit geen werd deze heeft hij was zij nu al toen worden hem zullen moet God Bijbel kerk Christus woord de het een van in is dat op te met voor niet zijn aan die ook als bij om er maar door nog wel wordt naar uit tot had kan dan over zo of wat dit geen werd deze heeft hij was zij nu al toen worden hem zullen moet God Bijbel kerk Christus woord de het een van in is dat op te met voor niet zijn aan die ook als bij om er maar door nog wel wordt naar uit tot had kan dan over zo of wat dit geen werd deze heeft hij was zij nu al toen worden hem zullen moet God Bijbel kerk Christus woord de het een van in is dat op te met voor niet zijn aan die ook als bij om er maar door nog wel wordt naar uit tot had kan dan over zo of wat dit geen werd deze heeft hij was zij nu al toen worden hem zullen moet God Bijbel kerk Christus woord de het een van in is dat op te met voor niet zijn aan die ook als bij om er maar door nog wel wordt naar uit tot had kan dan over zo of wat dit geen werd deze heeft hij was zij nu al toen worden hem zullen moet God Bijbel kerk Christus woord de het een van in is dat op te met voor niet zijn aan die ook als bij om er maar door nog wel wordt naar uit tot had kan dan over zo of wat dit geen werd deze heeft hij was zij nu al toen worden hem zullen moet God Bijbel kerk Christus woord de het een van in is dat op te met voor niet zijn aan die ook als bij om er maar door nog wel wordt naar uit tot had kan dan over zo of wat dit geen werd deze heeft hij was zij nu al toen worden hem zullen moet God Bijbel kerk Christus woord de het een van in is dat op te met voor niet zijn aan die ook als bij om er maar door nog wel wordt naar uit tot had kan dan over zo of wat dit geen werd deze heeft hij was zij nu al toen worden hem zullen moet God Bijbel kerk Christus woord de het een van in is dat op te met voor niet zijn aan die ook als bij om er maar door nog wel wordt naar uit tot had kan dan over zo of wat dit geen werd deze heeft hij was zij nu al toen worden hem zullen moet God Bijbel kerk Christus woord de het een van in is dat op te met voor niet zijn aan die ook als bij om er maar door nog wel wordt naar uit tot had kan dan over zo of wat dit geen werd deze heeft hij was zij nu al toen worden hem zullen moet God Bijbel kerk Christus woord de het een van in is dat op te met voor niet zijn aan die ook als bij om er maar door nog wel wordt naar uit tot had kan dan over zo of wat dit geen werd deze heeft hij was zij nu al toen worden hem zullen moet God Bijbel kerk Christus woord de het een van in is dat op te met voor niet zijn aan die ook als bij om er maar door nog wel wordt naar uit tot had kan dan over zo of wat dit geen werd deze heeft hij was zij nu al toen worden hem zullen moet God Bijbel kerk Christus woord de het een van in is dat op te met voor niet zijn aan die ook als bij om er maar door nog wel wordt naar uit tot had kan dan over zo of wat dit geen werd deze heeft hij was zij nu al toen worden hem zullen moet God Bijbel kerk Christus woord de het een van in is dat op te met voor niet zijn aan die ook als bij om er maar door nog wel wordt naar uit tot had kan dan over zo of wat dit geen werd deze heeft hij was zij nu al toen worden hem zullen moet God Bijbel kerk Christus woord de het een van in is dat op te met voor niet zijn aan die ook als bij om er maar door nog wel wordt naar uit tot had kan dan over zo of wat dit geen werd deze heeft hij was zij nu al toen worden hem zullen moet God Bijbel kerk Christus woord de het een van in is dat op te met voor niet zijn aan die ook als bij om er maar door nog wel wordt naar uit tot had kan dan over zo of wat dit geen werd deze heeft hij was zij nu al toen worden hem zullen moet God Bijbel kerk Christus woord de het een van in is dat op te met voor niet zijn aan die ook als bij om er maar door nog wel wordt naar uit tot had kan dan over zo of wat dit geen werd deze heeft hij was zij nu al toen worden hem zullen moet God Bijbel kerk Christus woord de het een van in is dat op te met voor niet zijn aan die ook als bij om er maar door nog wel wordt naar uit tot had kan dan over zo of wat dit geen werd deze heeft hij was zij nu al toen worden hem zullen moet God Bijbel kerk Christus woord
Massadoop?
de het van een in is dat op te met voor niet zijn aan die ook als bij om er maar door nog wel wordt naar uit tot had kan dan over zo of wat dit geen werd deze heeft hij was zij nu al toen worden hem zullen moet God Bijbel kerk Christus woord de het een van in is dat op te met voor niet zijn aan die ook als bij om er maar door nog wel wordt naar uit tot had kan dan over zo of wat dit geen werd deze heeft hij was zij nu al toen worden hem zullen moet God Bijbel kerk Christus woord de het een van in is dat op te met voor niet zijn aan die ook als bij om er maar door nog wel wordt naar uit tot had kan dan over zo of wat dit geen werd deze heeft hij was zij nu al toen worden hem zullen moet God Bijbel kerk Christus woord de het een van in is dat op te met voor niet zijn aan die ook als bij om er maar door nog wel wordt naar uit tot had kan dan over zo of wat dit geen werd deze heeft hij was zij nu al toen worden hem zullen moet God Bijbel kerk Christus woord de het een van in is dat op te met voor niet zijn aan die ook als bij om er maar door nog wel wordt naar uit tot had kan dan over zo of wat dit geen werd deze heeft hij was zij nu al toen worden hem zullen moet God Bijbel kerk Christus woord de het een van in is dat op te met voor niet zijn aan die ook als bij om er maar door nog wel wordt naar uit tot had kan dan over zo of wat dit geen werd deze heeft hij was zij nu al toen worden hem zullen moet God Bijbel kerk Christus woord de het een van in is dat op te met voor niet zijn aan die ook als bij om er maar door nog wel wordt naar uit tot had kan dan over zo of wat dit geen werd deze heeft hij was zij nu al toen worden hem zullen moet God Bijbel kerk Christus woord de het een van in is dat op te met voor niet zijn aan die ook als bij om er maar door nog wel wordt naar uit tot had kan dan over zo of wat dit geen werd deze heeft hij was zij nu al toen worden hem zullen moet God Bijbel kerk Christus woord de het een van in is dat op te met voor niet zijn aan die ook als bij om er maar door nog wel wordt naar uit tot had kan dan over zo of wat dit geen werd deze heeft hij was zij nu al toen worden hem zullen moet God Bijbel kerk Christus woord de het een van in is dat op te met voor niet zijn aan die ook als bij om er maar door nog wel wordt naar uit tot had kan dan over zo of wat dit geen werd deze heeft hij was zij nu al toen worden hem zullen moet God Bijbel kerk Christus woord de het een van in is dat op te met voor niet zijn aan die ook als bij om er maar door nog wel wordt naar uit tot had kan dan over zo of wat dit geen werd deze heeft hij was zij nu al toen worden hem zullen moet God Bijbel kerk Christus woord de het een van in is dat op te met voor niet zijn aan die ook als bij om er maar door nog wel wordt naar uit tot had kan dan over zo of wat dit geen werd deze heeft hij was zij nu al toen worden hem zullen moet God Bijbel kerk Christus woord de het een van in is dat op te met voor niet zijn aan die ook als bij om er maar door nog wel wordt naar uit tot had kan dan over zo of wat dit geen werd deze heeft hij was zij nu al toen worden hem zullen moet God Bijbel kerk Christus woord de het een van in is dat op te met voor niet zijn aan die ook als bij om er maar door nog wel wordt naar uit tot had kan dan over zo of wat dit geen werd deze heeft hij was zij nu al toen worden hem zullen moet God Bijbel kerk Christus woord de het een van in is dat op te met voor niet zijn aan die ook als bij om er maar door nog wel wordt naar uit tot had kan dan over zo of wat dit geen werd deze heeft hij was zij nu al toen worden hem zullen moet God Bijbel kerk Christus woord de het een van in is dat op te met voor niet zijn aan die ook als bij om er maar door nog wel wordt naar uit tot had kan dan over zo of wat dit geen werd deze heeft hij was zij nu al toen worden hem zullen moet God Bijbel kerk Christus woord de het een van in is dat op te met voor niet zijn aan die ook als bij om er maar door nog wel wordt naar uit tot had kan dan over zo of wat dit geen werd deze heeft hij was zij nu al toen worden hem zullen moet God Bijbel kerk Christus woord de het een van in is dat op te met voor niet zijn aan die ook als bij om er maar door nog wel wordt naar uit tot had kan dan over zo of wat dit geen werd deze heeft hij was zij nu al toen worden hem zullen moet God Bijbel kerk Christus woord de het een van in is dat op te met voor niet zijn aan die ook als bij om er maar door nog wel wordt naar uit tot had kan dan over zo of wat dit geen werd deze heeft hij was zij nu al toen worden hem zullen moet God Bijbel kerk Christus woord
de het van een in is dat op te met voor niet zijn aan die ook als bij om er maar door nog wel wordt naar uit tot had kan dan over zo of wat dit geen werd deze heeft hij was zij nu al toen worden hem zullen moet God Bijbel kerk Christus woord de het een van in is dat op te met voor niet zijn aan die ook als bij om er maar door nog wel wordt naar uit tot had kan dan over zo of wat dit geen werd deze heeft hij was zij nu al toen worden hem zullen moet God Bijbel kerk Christus woord de het een van in is dat op te met voor niet zijn aan die ook als bij om er maar door nog wel wordt naar uit tot had kan dan over zo of wat dit geen werd deze heeft hij was zij nu al toen worden hem zullen moet God Bijbel kerk Christus woord de het een van in is dat op te met voor niet zijn aan die ook als bij om er maar door nog wel wordt naar uit tot had kan dan over zo of wat dit geen werd deze heeft hij was zij nu al toen worden hem zullen moet God Bijbel kerk Christus woord de het een van in is dat op te met voor niet zijn aan die ook als bij om er maar door nog wel wordt naar uit tot had kan dan over zo of wat dit geen werd deze heeft hij was zij nu al toen worden hem zullen moet God Bijbel kerk Christus woord de het een van in is dat op te met voor niet zijn aan die ook als bij om er maar door nog wel wordt naar uit tot had kan dan over zo of wat dit geen werd deze heeft hij was zij nu al toen worden hem zullen moet God Bijbel kerk Christus woord de het een van in is dat op te met voor niet zijn aan die ook als bij om er maar door nog wel wordt naar uit tot had kan dan over zo of wat dit geen werd deze heeft hij was zij nu al toen worden hem zullen moet God Bijbel kerk Christus woord de het een van in is dat op te met voor niet zijn aan die ook als bij om er maar door nog wel wordt naar uit tot had kan dan over zo of wat dit geen werd deze heeft hij was zij nu al toen worden hem zullen moet God Bijbel kerk Christus woord de het een van in is dat op te met voor niet zijn aan die ook als bij om er maar door nog wel wordt naar uit tot had kan dan over zo of wat dit geen werd deze heeft hij was zij nu al toen worden hem zullen moet God Bijbel kerk Christus woord de het een van in is dat op te met voor niet zijn aan die ook als bij om er maar door nog wel wordt naar uit tot had kan dan over zo of wat dit geen werd deze heeft hij was zij nu al toen worden hem zullen moet God Bijbel kerk Christus woord de het een van in is dat op te met voor niet zijn aan die ook als bij om er maar door nog wel wordt naar uit tot had kan dan over zo of wat dit geen werd deze heeft hij was zij nu al toen worden hem zullen moet God Bijbel kerk Christus woord de het een van in is dat op te met voor niet zijn aan die ook als bij om er maar door nog wel wordt naar uit tot had kan dan over zo of wat dit geen werd deze heeft hij was zij nu al toen worden hem zullen moet God Bijbel kerk Christus woord de het een van in is dat op te met voor niet zijn aan die ook als bij om er maar door nog wel wordt naar uit tot had kan dan over zo of wat dit geen werd deze heeft hij was zij nu al toen worden hem zullen moet God Bijbel kerk Christus woord de het een van in is dat op te met voor niet zijn aan die ook als bij om er maar door nog wel wordt naar uit tot had kan dan over zo of wat dit geen werd deze heeft hij was zij nu al toen worden hem zullen moet God Bijbel kerk Christus woord de het een van in is dat op te met voor niet zijn aan die ook als bij om er maar door nog wel wordt naar uit tot had kan dan over zo of wat dit geen werd deze heeft hij was zij nu al toen worden hem zullen moet God Bijbel kerk Christus woord de het een van in is dat op te met voor niet zijn aan die ook als bij om er maar door nog wel wordt naar uit tot had kan dan over zo of wat dit geen werd deze heeft hij was zij nu al toen worden hem zullen moet God Bijbel kerk Christus woord de het een van in is dat op te met voor niet zijn aan die ook als bij om er maar door nog wel wordt naar uit tot had kan dan over zo of wat dit geen werd deze heeft hij was zij nu al toen worden hem zullen moet God Bijbel kerk Christus woord de het een van in is dat op te met voor niet zijn aan die ook als bij om er maar door nog wel wordt naar uit tot had kan dan over zo of wat dit geen werd deze heeft hij was zij nu al toen worden hem zullen moet God Bijbel kerk Christus woord de het een van in is dat op te met voor niet zijn aan die ook als bij om er maar door nog wel wordt naar uit tot had kan dan over zo of wat dit geen werd deze heeft hij was zij nu al toen worden hem zullen moet God Bijbel kerk Christus woord
Hemelvaartsdag
de het van een in is dat op te met voor niet zijn aan die ook als bij om er maar door nog wel wordt naar uit tot had kan dan over zo of wat dit geen werd deze heeft hij was zij nu al toen worden hem zullen moet God Bijbel kerk Christus woord de het een van in is dat op te met voor niet zijn aan die ook als bij om er maar door nog wel wordt naar uit tot had kan dan over zo of wat dit geen werd deze heeft hij was zij nu al toen worden hem zullen moet God Bijbel kerk Christus woord de het een van in is dat op te met voor niet zijn aan die ook als bij om er maar door nog wel wordt naar uit tot had kan dan over zo of wat dit geen werd deze heeft hij was zij nu al toen worden hem zullen moet God Bijbel kerk Christus woord de het een van in is dat op te met voor niet zijn aan die ook als bij om er maar door nog wel wordt naar uit tot had kan dan over zo of wat dit geen werd deze heeft hij was zij nu al toen worden hem zullen moet God Bijbel kerk Christus woord de het een van in is dat op te met voor niet zijn aan die ook als bij om er maar door nog wel wordt naar uit tot had kan dan over zo of wat dit geen werd deze heeft hij was zij nu al toen worden hem zullen moet God Bijbel kerk Christus woord de het een van in is dat op te met voor niet zijn aan die ook als bij om er maar door nog wel wordt naar uit tot had kan dan over zo of wat dit geen werd deze heeft hij was zij nu al toen worden hem zullen moet God Bijbel kerk Christus woord de het een van in is dat op te met voor niet zijn aan die ook als bij om er maar door nog wel wordt naar uit tot had kan dan over zo of wat dit geen werd deze heeft hij was zij nu al toen worden hem zullen moet God Bijbel kerk Christus woord de het een van in is dat op te met voor niet zijn aan die ook als bij om er maar door nog wel wordt naar uit tot had kan dan over zo of wat dit geen werd deze heeft hij was zij nu al toen worden hem zullen moet God Bijbel kerk Christus woord de het een van in is dat op te met voor niet zijn aan die ook als bij om er maar door nog wel wordt naar uit tot had kan dan over zo of wat dit geen werd deze heeft hij was zij nu al toen worden hem zullen moet God Bijbel kerk Christus woord de het een van in is dat op te met voor niet zijn aan die ook als bij om er maar door nog wel wordt naar uit tot had kan dan over zo of wat dit geen werd deze heeft hij was zij nu al toen worden hem zullen moet God Bijbel kerk Christus woord de het een van in is dat op te met voor niet zijn aan die ook als bij om er maar door nog wel wordt naar uit tot had kan dan over zo of wat dit geen werd deze heeft hij was zij nu al toen worden hem zullen moet God Bijbel kerk Christus woord de het een van in is dat op te met voor niet zijn aan die ook als bij om er maar door nog wel wordt naar uit tot had kan dan over zo of wat dit geen werd deze heeft hij was zij nu al toen worden hem zullen moet God Bijbel kerk Christus woord de het een van in is dat op te met voor niet zijn aan die ook als bij om er maar door nog wel wordt naar uit tot had kan dan over zo of wat dit geen werd deze heeft hij was zij nu al toen worden hem zullen moet God Bijbel kerk Christus woord de het een van in is dat op te met voor niet zijn aan die ook als bij om er maar door nog wel wordt naar uit tot had kan dan over zo of wat dit geen werd deze heeft hij was zij nu al toen worden hem zullen moet God Bijbel kerk Christus woord de het een van in is dat op te met voor niet zijn aan die ook als bij om er maar door nog wel wordt naar uit tot had kan dan over zo of wat dit geen werd deze heeft hij was zij nu al toen worden hem zullen moet God Bijbel kerk Christus woord de het een van in is dat op te met voor niet zijn aan die ook als bij om er maar door nog wel wordt naar uit tot had kan dan over zo of wat dit geen werd deze heeft hij was zij nu al toen worden hem zullen moet God Bijbel kerk Christus woord de het een van in is dat op te met voor niet zijn aan die ook als bij om er maar door nog wel wordt naar uit tot had kan dan over zo of wat dit geen werd deze heeft hij was zij nu al toen worden hem zullen moet God Bijbel kerk Christus woord de het een van in is dat op te met voor niet zijn aan die ook als bij om er maar door nog wel wordt naar uit tot had kan dan over zo of wat dit geen werd deze heeft hij was zij nu al toen worden hem zullen moet God Bijbel kerk Christus woord de het een van in is dat op te met voor niet zijn aan die ook als bij om er maar door nog wel wordt naar uit tot had kan dan over zo of wat dit geen werd deze heeft hij was zij nu al toen worden hem zullen moet God Bijbel kerk Christus woord
de het van een in is dat op te met voor niet zijn aan die ook als bij om er maar door nog wel wordt naar uit tot had kan dan over zo of wat dit geen werd deze heeft hij was zij nu al toen worden hem zullen moet God Bijbel kerk Christus woord de het een van in is dat op te met voor niet zijn aan die ook als bij om er maar door nog wel wordt naar uit tot had kan dan over zo of wat dit geen werd deze heeft hij was zij nu al toen worden hem zullen moet God Bijbel kerk Christus woord de het een van in is dat op te met voor niet zijn aan die ook als bij om er maar door nog wel wordt naar uit tot had kan dan over zo of wat dit geen werd deze heeft hij was zij nu al toen worden hem zullen moet God Bijbel kerk Christus woord de het een van in is dat op te met voor niet zijn aan die ook als bij om er maar door nog wel wordt naar uit tot had kan dan over zo of wat dit geen werd deze heeft hij was zij nu al toen worden hem zullen moet God Bijbel kerk Christus woord de het een van in is dat op te met voor niet zijn aan die ook als bij om er maar door nog wel wordt naar uit tot had kan dan over zo of wat dit geen werd deze heeft hij was zij nu al toen worden hem zullen moet God Bijbel kerk Christus woord de het een van in is dat op te met voor niet zijn aan die ook als bij om er maar door nog wel wordt naar uit tot had kan dan over zo of wat dit geen werd deze heeft hij was zij nu al toen worden hem zullen moet God Bijbel kerk Christus woord de het een van in is dat op te met voor niet zijn aan die ook als bij om er maar door nog wel wordt naar uit tot had kan dan over zo of wat dit geen werd deze heeft hij was zij nu al toen worden hem zullen moet God Bijbel kerk Christus woord de het een van in is dat op te met voor niet zijn aan die ook als bij om er maar door nog wel wordt naar uit tot had kan dan over zo of wat dit geen werd deze heeft hij was zij nu al toen worden hem zullen moet God Bijbel kerk Christus woord de het een van in is dat op te met voor niet zijn aan die ook als bij om er maar door nog wel wordt naar uit tot had kan dan over zo of wat dit geen werd deze heeft hij was zij nu al toen worden hem zullen moet God Bijbel kerk Christus woord de het een van in is dat op te met voor niet zijn aan die ook als bij om er maar door nog wel wordt naar uit tot had kan dan over zo of wat dit geen werd deze heeft hij was zij nu al toen worden hem zullen moet God Bijbel kerk Christus woord de het een van in is dat op te met voor niet zijn aan die ook als bij om er maar door nog wel wordt naar uit tot had kan dan over zo of wat dit geen werd deze heeft hij was zij nu al toen worden hem zullen moet God Bijbel kerk Christus woord de het een van in is dat op te met voor niet zijn aan die ook als bij om er maar door nog wel wordt naar uit tot had kan dan over zo of wat dit geen werd deze heeft hij was zij nu al toen worden hem zullen moet God Bijbel kerk Christus woord de het een van in is dat op te met voor niet zijn aan die ook als bij om er maar door nog wel wordt naar uit tot had kan dan over zo of wat dit geen werd deze heeft hij was zij nu al toen worden hem zullen moet God Bijbel kerk Christus woord de het een van in is dat op te met voor niet zijn aan die ook als bij om er maar door nog wel wordt naar uit tot had kan dan over zo of wat dit geen werd deze heeft hij was zij nu al toen worden hem zullen moet God Bijbel kerk Christus woord de het een van in is dat op te met voor niet zijn aan die ook als bij om er maar door nog wel wordt naar uit tot had kan dan over zo of wat dit geen werd deze heeft hij was zij nu al toen worden hem zullen moet God Bijbel kerk Christus woord de het een van in is dat op te met voor niet zijn aan die ook als bij om er maar door nog wel wordt naar uit tot had kan dan over zo of wat dit geen werd deze heeft hij was zij nu al toen worden hem zullen moet God Bijbel kerk Christus woord de het een van in is dat op te met voor niet zijn aan die ook als bij om er maar door nog wel wordt naar uit tot had kan dan over zo of wat dit geen werd deze heeft hij was zij nu al toen worden hem zullen moet God Bijbel kerk Christus woord de het een van in is dat op te met voor niet zijn aan die ook als bij om er maar door nog wel wordt naar uit tot had kan dan over zo of wat dit geen werd deze heeft hij was zij nu al toen worden hem zullen moet God Bijbel kerk Christus woord de het een van in is dat op te met voor niet zijn aan die ook als bij om er maar door nog wel wordt naar uit tot had kan dan over zo of wat dit geen werd deze heeft hij was zij nu al toen worden hem zullen moet God Bijbel kerk Christus woord
TIENJARENPLAN VERGT CA. f 3 MILJOEN
Restauratie St. Maartenskerk
te Zaltbommel
de het van een in is dat op te met voor niet zijn aan die ook als bij om er maar door nog wel wordt naar uit tot had kan dan over zo of wat dit geen werd deze heeft hij was zij nu al toen worden hem zullen moet God Bijbel kerk Christus woord de het een van in is dat op te met voor niet zijn aan die ook als bij om er maar door nog wel wordt naar uit tot had kan dan over zo of wat dit geen werd deze heeft hij was zij nu al toen worden hem zullen moet God Bijbel kerk Christus woord de het een van in is dat op te met voor niet zijn aan die ook als bij om er maar door nog wel wordt naar uit tot had kan dan over zo of wat dit geen werd deze heeft hij was zij nu al toen worden hem zullen moet God Bijbel kerk Christus woord de het een van in is dat op te met voor niet zijn aan die ook als bij om er maar door nog wel wordt naar uit tot had kan dan over zo of wat dit geen werd deze heeft hij was zij nu al toen worden hem zullen moet God Bijbel kerk Christus woord de het een van in is dat op te met voor niet zijn aan die ook als bij om er maar door nog wel wordt naar uit tot had kan dan over zo of wat dit geen werd deze heeft hij was zij nu al toen worden hem zullen moet God Bijbel kerk Christus woord de het een van in is dat op te met voor niet zijn aan die ook als bij om er maar door nog wel wordt naar uit tot had kan dan over zo of wat dit geen werd deze heeft hij was zij nu al toen worden hem zullen moet God Bijbel kerk Christus woord de het een van in is dat op te met voor niet zijn aan die ook als bij om er maar door nog wel wordt naar uit tot had kan dan over zo of wat dit geen werd deze heeft hij was zij nu al toen worden hem zullen moet God Bijbel kerk Christus woord de het een van in is dat op te met voor niet zijn aan die ook als bij om er maar door nog wel wordt naar uit tot had kan dan over zo of wat dit geen werd deze heeft hij was zij nu al toen worden hem zullen moet God Bijbel kerk Christus woord de het een van in is dat op te met voor niet zijn aan die ook als bij om er maar door nog wel wordt naar uit tot had kan dan over zo of wat dit geen werd deze heeft hij was zij nu al toen worden hem zullen moet God Bijbel kerk Christus woord de het een van in is dat op te met voor niet zijn aan die ook als bij om er maar door nog wel wordt naar uit tot had kan dan over zo of wat dit geen werd deze heeft hij was zij nu al toen worden hem zullen moet God Bijbel kerk Christus woord de het een van in is dat op te met voor niet zijn aan die ook als bij om er maar door nog wel wordt naar uit tot had kan dan over zo of wat dit geen werd deze heeft hij was zij nu al toen worden hem zullen moet God Bijbel kerk Christus woord de het een van in is dat op te met voor niet zijn aan die ook als bij om er maar door nog wel wordt naar uit tot had kan dan over zo of wat dit geen werd deze heeft hij was zij nu al toen worden hem zullen moet God Bijbel kerk Christus woord de het een van in is dat op te met voor niet zijn aan die ook als bij om er maar door nog wel wordt naar uit tot had kan dan over zo of wat dit geen werd deze heeft hij was zij nu al toen worden hem zullen moet God Bijbel kerk Christus woord de het een van in is dat op te met voor niet zijn aan die ook als bij om er maar door nog wel wordt naar uit tot had kan dan over zo of wat dit geen werd deze heeft hij was zij nu al toen worden hem zullen moet God Bijbel kerk Christus woord de het een van in is dat op te met voor niet zijn aan die ook als bij om er maar door nog wel wordt naar uit tot had kan dan over zo of wat dit geen werd deze heeft hij was zij nu al toen worden hem zullen moet God Bijbel kerk Christus woord de het een van in is dat op te met voor niet zijn aan die ook als bij om er maar door nog wel wordt naar uit tot had kan dan over zo of wat dit geen werd deze heeft hij was zij nu al toen worden hem zullen moet God Bijbel kerk Christus woord de het een van in is dat op te met voor niet zijn aan die ook als bij om er maar door nog wel wordt naar uit tot had kan dan over zo of wat dit geen werd deze heeft hij was zij nu al toen worden hem zullen moet God Bijbel kerk Christus woord de het een van in is dat op te met voor niet zijn aan die ook als bij om er maar door nog wel wordt naar uit tot had kan dan over zo of wat dit geen werd deze heeft hij was zij nu al toen worden hem zullen moet God Bijbel kerk Christus woord de het een van in is dat op te met voor niet zijn aan die ook als bij om er maar door nog wel wordt naar uit tot had kan dan over zo of wat dit geen werd deze heeft hij was zij nu al toen worden hem zullen moet God Bijbel kerk Christus woord
Toren van de St. Maartenskerk te Zaltbommel.
de het van een in is dat op te met voor niet zijn aan die ook als bij om er maar door nog wel wordt naar uit tot had kan dan over zo of wat dit geen werd deze heeft hij was zij nu al toen worden hem zullen moet God Bijbel kerk Christus woord de het een van in is dat op te met voor niet zijn aan die ook als bij om er maar door nog wel wordt naar uit tot had kan dan over zo of wat dit geen werd deze heeft hij was zij nu al toen worden hem zullen moet God Bijbel kerk Christus woord de het een van in is dat op te met voor niet zijn aan die ook als bij om er maar door nog wel wordt naar uit tot had kan dan over zo of wat dit geen werd deze heeft hij was zij nu al toen worden hem zullen moet God Bijbel kerk Christus woord de het een van in is dat op te met voor niet zijn aan die ook als bij om er maar door nog wel wordt naar uit tot had kan dan over zo of wat dit geen werd deze heeft hij was zij nu al toen worden hem zullen moet God Bijbel kerk Christus woord de het een van in is dat op te met voor niet zijn aan die ook als bij om er maar door nog wel wordt naar uit tot had kan dan over zo of wat dit geen werd deze heeft hij was zij nu al toen worden hem zullen moet God Bijbel kerk Christus woord de het een van in is dat op te met voor niet zijn aan die ook als bij om er maar door nog wel wordt naar uit tot had kan dan over zo of wat dit geen werd deze heeft hij was zij nu al toen worden hem zullen moet God Bijbel kerk Christus woord de het een van in is dat op te met voor niet zijn aan die ook als bij om er maar door nog wel wordt naar uit tot had kan dan over zo of wat dit geen werd deze heeft hij was zij nu al toen worden hem zullen moet God Bijbel kerk Christus woord de het een van in is dat op te met voor niet zijn aan die ook als bij om er maar door nog wel wordt naar uit tot had kan dan over zo of wat dit geen werd deze heeft hij was zij nu al toen worden hem zullen moet God Bijbel kerk Christus woord de het een van in is dat op te met voor niet zijn aan die ook als bij om er maar door nog wel wordt naar uit tot had kan dan over zo of wat dit geen werd deze heeft hij was zij nu al toen worden hem zullen moet God Bijbel kerk Christus woord de het een van in is dat op te met voor niet zijn aan die ook als bij om er maar door nog wel wordt naar uit tot had kan dan over zo of wat dit geen werd deze heeft hij was zij nu al toen worden hem zullen moet God Bijbel kerk Christus woord de het een van in is dat op te met voor niet zijn aan die ook als bij om er maar door nog wel wordt naar uit tot had kan dan over zo of wat dit geen werd deze heeft hij was zij nu al toen worden hem zullen moet God Bijbel kerk Christus woord de het een van in is dat op te met voor niet zijn aan die ook als bij om er maar door nog wel wordt naar uit tot had kan dan over zo of wat dit geen werd deze heeft hij was zij nu al toen worden hem zullen moet God Bijbel kerk Christus woord de het een van in is dat op te met voor niet zijn aan die ook als bij om er maar door nog wel wordt naar uit tot had kan dan over zo of wat dit geen werd deze heeft hij was zij nu al toen worden hem zullen moet God Bijbel kerk Christus woord de het een van in is dat op te met voor niet zijn aan die ook als bij om er maar door nog wel wordt naar uit tot had kan dan over zo of wat dit geen werd deze heeft hij was zij nu al toen worden hem zullen moet God Bijbel kerk Christus woord de het een van in is dat op te met voor niet zijn aan die ook als bij om er maar door nog wel wordt naar uit tot had kan dan over zo of wat dit geen werd deze heeft hij was zij nu al toen worden hem zullen moet God Bijbel kerk Christus woord de het een van in is dat op te met voor niet zijn aan die ook als bij om er maar door nog wel wordt naar uit tot had kan dan over zo of wat dit geen werd deze heeft hij was zij nu al toen worden hem zullen moet God Bijbel kerk Christus woord de het een van in is dat op te met voor niet zijn aan die ook als bij om er maar door nog wel wordt naar uit tot had kan dan over zo of wat dit geen werd deze heeft hij was zij nu al toen worden hem zullen moet God Bijbel kerk Christus woord de het een van in is dat op te met voor niet zijn aan die ook als bij om er maar door nog wel wordt naar uit tot had kan dan over zo of wat dit geen werd deze heeft hij was zij nu al toen worden hem zullen moet God Bijbel kerk Christus woord de het een van in is dat op te met voor niet zijn aan die ook als bij om er maar door nog wel wordt naar uit tot had kan dan over zo of wat dit geen werd deze heeft hij was zij nu al toen worden hem zullen moet God Bijbel kerk Christus woord
Toren
de het van een in is dat op te met voor niet zijn aan die ook als bij om er maar door nog wel wordt naar uit tot had kan dan over zo of wat dit geen werd deze heeft hij was zij nu al toen worden hem zullen moet God Bijbel kerk Christus woord de het een van in is dat op te met voor niet zijn aan die ook als bij om er maar door nog wel wordt naar uit tot had kan dan over zo of wat dit geen werd deze heeft hij was zij nu al toen worden hem zullen moet God Bijbel kerk Christus woord de het een van in is dat op te met voor niet zijn aan die ook als bij om er maar door nog wel wordt naar uit tot had kan dan over zo of wat dit geen werd deze heeft hij was zij nu al toen worden hem zullen moet God Bijbel kerk Christus woord de het een van in is dat op te met voor niet zijn aan die ook als bij om er maar door nog wel wordt naar uit tot had kan dan over zo of wat dit geen werd deze heeft hij was zij nu al toen worden hem zullen moet God Bijbel kerk Christus woord de het een van in is dat op te met voor niet zijn aan die ook als bij om er maar door nog wel wordt naar uit tot had kan dan over zo of wat dit geen werd deze heeft hij was zij nu al toen worden hem zullen moet God Bijbel kerk Christus woord de het een van in is dat op te met voor niet zijn aan die ook als bij om er maar door nog wel wordt naar uit tot had kan dan over zo of wat dit geen werd deze heeft hij was zij nu al toen worden hem zullen moet God Bijbel kerk Christus woord de het een van in is dat op te met voor niet zijn aan die ook als bij om er maar door nog wel wordt naar uit tot had kan dan over zo of wat dit geen werd deze heeft hij was zij nu al toen worden hem zullen moet God Bijbel kerk Christus woord de het een van in is dat op te met voor niet zijn aan die ook als bij om er maar door nog wel wordt naar uit tot had kan dan over zo of wat dit geen werd deze heeft hij was zij nu al toen worden hem zullen moet God Bijbel kerk Christus woord de het een van in is dat op te met voor niet zijn aan die ook als bij om er maar door nog wel wordt naar uit tot had kan dan over zo of wat dit geen werd deze heeft hij was zij nu al toen worden hem zullen moet God Bijbel kerk Christus woord de het een van in is dat op te met voor niet zijn aan die ook als bij om er maar door nog wel wordt naar uit tot had kan dan over zo of wat dit geen werd deze heeft hij was zij nu al toen worden hem zullen moet God Bijbel kerk Christus woord de het een van in is dat op te met voor niet zijn aan die ook als bij om er maar door nog wel wordt naar uit tot had kan dan over zo of wat dit geen werd deze heeft hij was zij nu al toen worden hem zullen moet God Bijbel kerk Christus woord de het een van in is dat op te met voor niet zijn aan die ook als bij om er maar door nog wel wordt naar uit tot had kan dan over zo of wat dit geen werd deze heeft hij was zij nu al toen worden hem zullen moet God Bijbel kerk Christus woord de het een van in is dat op te met voor niet zijn aan die ook als bij om er maar door nog wel wordt naar uit tot had kan dan over zo of wat dit geen werd deze heeft hij was zij nu al toen worden hem zullen moet God Bijbel kerk Christus woord de het een van in is dat op te met voor niet zijn aan die ook als bij om er maar door nog wel wordt naar uit tot had kan dan over zo of wat dit geen werd deze heeft hij was zij nu al toen worden hem zullen moet God Bijbel kerk Christus woord de het een van in is dat op te met voor niet zijn aan die ook als bij om er maar door nog wel wordt naar uit tot had kan dan over zo of wat dit geen werd deze heeft hij was zij nu al toen worden hem zullen moet God Bijbel kerk Christus woord de het een van in is dat op te met voor niet zijn aan die ook als bij om er maar door nog wel wordt naar uit tot had kan dan over zo of wat dit geen werd deze heeft hij was zij nu al toen worden hem zullen moet God Bijbel kerk Christus woord de het een van in is dat op te met voor niet zijn aan die ook als bij om er maar door nog wel wordt naar uit tot had kan dan over zo of wat dit geen werd deze heeft hij was zij nu al toen worden hem zullen moet God Bijbel kerk Christus woord de het een van in is dat op te met voor niet zijn aan die ook als bij om er maar door nog wel wordt naar uit tot had kan dan over zo of wat dit geen werd deze heeft hij was zij nu al toen worden hem zullen moet God Bijbel kerk Christus woord de het een van in is dat op te met voor niet zijn aan die ook als bij om er maar door nog wel wordt naar uit tot had kan dan over zo of wat dit geen werd deze heeft hij was zij nu al toen worden hem zullen moet God Bijbel kerk Christus woord
In verval
de het van een in is dat op te met voor niet zijn aan die ook als bij om er maar door nog wel wordt naar uit tot had kan dan over zo of wat dit geen werd deze heeft hij was zij nu al toen worden hem zullen moet God Bijbel kerk Christus woord de het een van in is dat op te met voor niet zijn aan die ook als bij om er maar door nog wel wordt naar uit tot had kan dan over zo of wat dit geen werd deze heeft hij was zij nu al toen worden hem zullen moet God Bijbel kerk Christus woord de het een van in is dat op te met voor niet zijn aan die ook als bij om er maar door nog wel wordt naar uit tot had kan dan over zo of wat dit geen werd deze heeft hij was zij nu al toen worden hem zullen moet God Bijbel kerk Christus woord de het een van in is dat op te met voor niet zijn aan die ook als bij om er maar door nog wel wordt naar uit tot had kan dan over zo of wat dit geen werd deze heeft hij was zij nu al toen worden hem zullen moet God Bijbel kerk Christus woord de het een van in is dat op te met voor niet zijn aan die ook als bij om er maar door nog wel wordt naar uit tot had kan dan over zo of wat dit geen werd deze heeft hij was zij nu al toen worden hem zullen moet God Bijbel kerk Christus woord de het een van in is dat op te met voor niet zijn aan die ook als bij om er maar door nog wel wordt naar uit tot had kan dan over zo of wat dit geen werd deze heeft hij was zij nu al toen worden hem zullen moet God Bijbel kerk Christus woord de het een van in is dat op te met voor niet zijn aan die ook als bij om er maar door nog wel wordt naar uit tot had kan dan over zo of wat dit geen werd deze heeft hij was zij nu al toen worden hem zullen moet God Bijbel kerk Christus woord de het een van in is dat op te met voor niet zijn aan die ook als bij om er maar door nog wel wordt naar uit tot had kan dan over zo of wat dit geen werd deze heeft hij was zij nu al toen worden hem zullen moet God Bijbel kerk Christus woord de het een van in is dat op te met voor niet zijn aan die ook als bij om er maar door nog wel wordt naar uit tot had kan dan over zo of wat dit geen werd deze heeft hij was zij nu al toen worden hem zullen moet God Bijbel kerk Christus woord de het een van in is dat op te met voor niet zijn aan die ook als bij om er maar door nog wel wordt naar uit tot had kan dan over zo of wat dit geen werd deze heeft hij was zij nu al toen worden hem zullen moet God Bijbel kerk Christus woord de het een van in is dat op te met voor niet zijn aan die ook als bij om er maar door nog wel wordt naar uit tot had kan dan over zo of wat dit geen werd deze heeft hij was zij nu al toen worden hem zullen moet God Bijbel kerk Christus woord de het een van in is dat op te met voor niet zijn aan die ook als bij om er maar door nog wel wordt naar uit tot had kan dan over zo of wat dit geen werd deze heeft hij was zij nu al toen worden hem zullen moet God Bijbel kerk Christus woord de het een van in is dat op te met voor niet zijn aan die ook als bij om er maar door nog wel wordt naar uit tot had kan dan over zo of wat dit geen werd deze heeft hij was zij nu al toen worden hem zullen moet God Bijbel kerk Christus woord de het een van in is dat op te met voor niet zijn aan die ook als bij om er maar door nog wel wordt naar uit tot had kan dan over zo of wat dit geen werd deze heeft hij was zij nu al toen worden hem zullen moet God Bijbel kerk Christus woord de het een van in is dat op te met voor niet zijn aan die ook als bij om er maar door nog wel wordt naar uit tot had kan dan over zo of wat dit geen werd deze heeft hij was zij nu al toen worden hem zullen moet God Bijbel kerk Christus woord de het een van in is dat op te met voor niet zijn aan die ook als bij om er maar door nog wel wordt naar uit tot had kan dan over zo of wat dit geen werd deze heeft hij was zij nu al toen worden hem zullen moet God Bijbel kerk Christus woord de het een van in is dat op te met voor niet zijn aan die ook als bij om er maar door nog wel wordt naar uit tot had kan dan over zo of wat dit geen werd deze heeft hij was zij nu al toen worden hem zullen moet God Bijbel kerk Christus woord de het een van in is dat op te met voor niet zijn aan die ook als bij om er maar door nog wel wordt naar uit tot had kan dan over zo of wat dit geen werd deze heeft hij was zij nu al toen worden hem zullen moet God Bijbel kerk Christus woord de het een van in is dat op te met voor niet zijn aan die ook als bij om er maar door nog wel wordt naar uit tot had kan dan over zo of wat dit geen werd deze heeft hij was zij nu al toen worden hem zullen moet God Bijbel kerk Christus woord
de het van een in is dat op te met voor niet zijn aan die ook als bij om er maar door nog wel wordt naar uit tot had kan dan over zo of wat dit geen werd deze heeft hij was zij nu al toen worden hem zullen moet God Bijbel kerk Christus woord de het een van in is dat op te met voor niet zijn aan die ook als bij om er maar door nog wel wordt naar uit tot had kan dan over zo of wat dit geen werd deze heeft hij was zij nu al toen worden hem zullen moet God Bijbel kerk Christus woord de het een van in is dat op te met voor niet zijn aan die ook als bij om er maar door nog wel wordt naar uit tot had kan dan over zo of wat dit geen werd deze heeft hij was zij nu al toen worden hem zullen moet God Bijbel kerk Christus woord de het een van in is dat op te met voor niet zijn aan die ook als bij om er maar door nog wel wordt naar uit tot had kan dan over zo of wat dit geen werd deze heeft hij was zij nu al toen worden hem zullen moet God Bijbel kerk Christus woord de het een van in is dat op te met voor niet zijn aan die ook als bij om er maar door nog wel wordt naar uit tot had kan dan over zo of wat dit geen werd deze heeft hij was zij nu al toen worden hem zullen moet God Bijbel kerk Christus woord de het een van in is dat op te met voor niet zijn aan die ook als bij om er maar door nog wel wordt naar uit tot had kan dan over zo of wat dit geen werd deze heeft hij was zij nu al toen worden hem zullen moet God Bijbel kerk Christus woord de het een van in is dat op te met voor niet zijn aan die ook als bij om er maar door nog wel wordt naar uit tot had kan dan over zo of wat dit geen werd deze heeft hij was zij nu al toen worden hem zullen moet God Bijbel kerk Christus woord de het een van in is dat op te met voor niet zijn aan die ook als bij om er maar door nog wel wordt naar uit tot had kan dan over zo of wat dit geen werd deze heeft hij was zij nu al toen worden hem zullen moet God Bijbel kerk Christus woord de het een van in is dat op te met voor niet zijn aan die ook als bij om er maar door nog wel wordt naar uit tot had kan dan over zo of wat dit geen werd deze heeft hij was zij nu al toen worden hem zullen moet God Bijbel kerk Christus woord de het een van in is dat op te met voor niet zijn aan die ook als bij om er maar door nog wel wordt naar uit tot had kan dan over zo of wat dit geen werd deze heeft hij was zij nu al toen worden hem zullen moet God Bijbel kerk Christus woord de het een van in is dat op te met voor niet zijn aan die ook als bij om er maar door nog wel wordt naar uit tot had kan dan over zo of wat dit geen werd deze heeft hij was zij nu al toen worden hem zullen moet God Bijbel kerk Christus woord de het een van in is dat op te met voor niet zijn aan die ook als bij om er maar door nog wel wordt naar uit tot had kan dan over zo of wat dit geen werd deze heeft hij was zij nu al toen worden hem zullen moet God Bijbel kerk Christus woord de het een van in is dat op te met voor niet zijn aan die ook als bij om er maar door nog wel wordt naar uit tot had kan dan over zo of wat dit geen werd deze heeft hij was zij nu al toen worden hem zullen moet God Bijbel kerk Christus woord de het een van in is dat op te met voor niet zijn aan die ook als bij om er maar door nog wel wordt naar uit tot had kan dan over zo of wat dit geen werd deze heeft hij was zij nu al toen worden hem zullen moet God Bijbel kerk Christus woord de het een van in is dat op te met voor niet zijn aan die ook als bij om er maar door nog wel wordt naar uit tot had kan dan over zo of wat dit geen werd deze heeft hij was zij nu al toen worden hem zullen moet God Bijbel kerk Christus woord de het een van in is dat op te met voor niet zijn aan die ook als bij om er maar door nog wel wordt naar uit tot had kan dan over zo of wat dit geen werd deze heeft hij was zij nu al toen worden hem zullen moet God Bijbel kerk Christus woord de het een van in is dat op te met voor niet zijn aan die ook als bij om er maar door nog wel wordt naar uit tot had kan dan over zo of wat dit geen werd deze heeft hij was zij nu al toen worden hem zullen moet God Bijbel kerk Christus woord de het een van in is dat op te met voor niet zijn aan die ook als bij om er maar door nog wel wordt naar uit tot had kan dan over zo of wat dit geen werd deze heeft hij was zij nu al toen worden hem zullen moet God Bijbel kerk Christus woord de het een van in is dat op te met voor niet zijn aan die ook als bij om er maar door nog wel wordt naar uit tot had kan dan over zo of wat dit geen werd deze heeft hij was zij nu al toen worden hem zullen moet God Bijbel kerk Christus woord
Tienjarenplan
de het van een in is dat op te met voor niet zijn aan die ook als bij om er maar door nog wel wordt naar uit tot had kan dan over zo of wat dit geen werd deze heeft hij was zij nu al toen worden hem zullen moet God Bijbel kerk Christus woord de het een van in is dat op te met voor niet zijn aan die ook als bij om er maar door nog wel wordt naar uit tot had kan dan over zo of wat dit geen werd deze heeft hij was zij nu al toen worden hem zullen moet God Bijbel kerk Christus woord de het een van in is dat op te met voor niet zijn aan die ook als bij om er maar door nog wel wordt naar uit tot had kan dan over zo of wat dit geen werd deze heeft hij was zij nu al toen worden hem zullen moet God Bijbel kerk Christus woord de het een van in is dat op te met voor niet zijn aan die ook als bij om er maar door nog wel wordt naar uit tot had kan dan over zo of wat dit geen werd deze heeft hij was zij nu al toen worden hem zullen moet God Bijbel kerk Christus woord de het een van in is dat op te met voor niet zijn aan die ook als bij om er maar door nog wel wordt naar uit tot had kan dan over zo of wat dit geen werd deze heeft hij was zij nu al toen worden hem zullen moet God Bijbel kerk Christus woord de het een van in is dat op te met voor niet zijn aan die ook als bij om er maar door nog wel wordt naar uit tot had kan dan over zo of wat dit geen werd deze heeft hij was zij nu al toen worden hem zullen moet God Bijbel kerk Christus woord de het een van in is dat op te met voor niet zijn aan die ook als bij om er maar door nog wel wordt naar uit tot had kan dan over zo of wat dit geen werd deze heeft hij was zij nu al toen worden hem zullen moet God Bijbel kerk Christus woord de het een van in is dat op te met voor niet zijn aan die ook als bij om er maar door nog wel wordt naar uit tot had kan dan over zo of wat dit geen werd deze heeft hij was zij nu al toen worden hem zullen moet God Bijbel kerk Christus woord de het een van in is dat op te met voor niet zijn aan die ook als bij om er maar door nog wel wordt naar uit tot had kan dan over zo of wat dit geen werd deze heeft hij was zij nu al toen worden hem zullen moet God Bijbel kerk Christus woord de het een van in is dat op te met voor niet zijn aan die ook als bij om er maar door nog wel wordt naar uit tot had kan dan over zo of wat dit geen werd deze heeft hij was zij nu al toen worden hem zullen moet God Bijbel kerk Christus woord de het een van in is dat op te met voor niet zijn aan die ook als bij om er maar door nog wel wordt naar uit tot had kan dan over zo of wat dit geen werd deze heeft hij was zij nu al toen worden hem zullen moet God Bijbel kerk Christus woord de het een van in is dat op te met voor niet zijn aan die ook als bij om er maar door nog wel wordt naar uit tot had kan dan over zo of wat dit geen werd deze heeft hij was zij nu al toen worden hem zullen moet God Bijbel kerk Christus woord de het een van in is dat op te met voor niet zijn aan die ook als bij om er maar door nog wel wordt naar uit tot had kan dan over zo of wat dit geen werd deze heeft hij was zij nu al toen worden hem zullen moet God Bijbel kerk Christus woord de het een van in is dat op te met voor niet zijn aan die ook als bij om er maar door nog wel wordt naar uit tot had kan dan over zo of wat dit geen werd deze heeft hij was zij nu al toen worden hem zullen moet God Bijbel kerk Christus woord de het een van in is dat op te met voor niet zijn aan die ook als bij om er maar door nog wel wordt naar uit tot had kan dan over zo of wat dit geen werd deze heeft hij was zij nu al toen worden hem zullen moet God Bijbel kerk Christus woord de het een van in is dat op te met voor niet zijn aan die ook als bij om er maar door nog wel wordt naar uit tot had kan dan over zo of wat dit geen werd deze heeft hij was zij nu al toen worden hem zullen moet God Bijbel kerk Christus woord de het een van in is dat op te met voor niet zijn aan die ook als bij om er maar door nog wel wordt naar uit tot had kan dan over zo of wat dit geen werd deze heeft hij was zij nu al toen worden hem zullen moet God Bijbel kerk Christus woord de het een van in is dat op te met voor niet zijn aan die ook als bij om er maar door nog wel wordt naar uit tot had kan dan over zo of wat dit geen werd deze heeft hij was zij nu al toen worden hem zullen moet God Bijbel kerk Christus woord de het een van in is dat op te met voor niet zijn aan die ook als bij om er maar door nog wel wordt naar uit tot had kan dan over zo of wat dit geen werd deze heeft hij was zij nu al toen worden hem zullen moet God Bijbel kerk Christus woord
de het van een in is dat op te met voor niet zijn aan die ook als bij om er maar door nog wel wordt naar uit tot had kan dan over zo of wat dit geen werd deze heeft hij was zij nu al toen worden hem zullen moet God Bijbel kerk Christus woord de het een van in is dat op te met voor niet zijn aan die ook als bij om er maar door nog wel wordt naar uit tot had kan dan over zo of wat dit geen werd deze heeft hij was zij nu al toen worden hem zullen moet God Bijbel kerk Christus woord de het een van in is dat op te met voor niet zijn aan die ook als bij om er maar door nog wel wordt naar uit tot had kan dan over zo of wat dit geen werd deze heeft hij was zij nu al toen worden hem zullen moet God Bijbel kerk Christus woord de het een van in is dat op te met voor niet zijn aan die ook als bij om er maar door nog wel wordt naar uit tot had kan dan over zo of wat dit geen werd deze heeft hij was zij nu al toen worden hem zullen moet God Bijbel kerk Christus woord de het een van in is dat op te met voor niet zijn aan die ook als bij om er maar door nog wel wordt naar uit tot had kan dan over zo of wat dit geen werd deze heeft hij was zij nu al toen worden hem zullen moet God Bijbel kerk Christus woord de het een van in is dat op te met voor niet zijn aan die ook als bij om er maar door nog wel wordt naar uit tot had kan dan over zo of wat dit geen werd deze heeft hij was zij nu al toen worden hem zullen moet God Bijbel kerk Christus woord de het een van in is dat op te met voor niet zijn aan die ook als bij om er maar door nog wel wordt naar uit tot had kan dan over zo of wat dit geen werd deze heeft hij was zij nu al toen worden hem zullen moet God Bijbel kerk Christus woord de het een van in is dat op te met voor niet zijn aan die ook als bij om er maar door nog wel wordt naar uit tot had kan dan over zo of wat dit geen werd deze heeft hij was zij nu al toen worden hem zullen moet God Bijbel kerk Christus woord de het een van in is dat op te met voor niet zijn aan die ook als bij om er maar door nog wel wordt naar uit tot had kan dan over zo of wat dit geen werd deze heeft hij was zij nu al toen worden hem zullen moet God Bijbel kerk Christus woord de het een van in is dat op te met voor niet zijn aan die ook als bij om er maar door nog wel wordt naar uit tot had kan dan over zo of wat dit geen werd deze heeft hij was zij nu al toen worden hem zullen moet God Bijbel kerk Christus woord de het een van in is dat op te met voor niet zijn aan die ook als bij om er maar door nog wel wordt naar uit tot had kan dan over zo of wat dit geen werd deze heeft hij was zij nu al toen worden hem zullen moet God Bijbel kerk Christus woord de het een van in is dat op te met voor niet zijn aan die ook als bij om er maar door nog wel wordt naar uit tot had kan dan over zo of wat dit geen werd deze heeft hij was zij nu al toen worden hem zullen moet God Bijbel kerk Christus woord de het een van in is dat op te met voor niet zijn aan die ook als bij om er maar door nog wel wordt naar uit tot had kan dan over zo of wat dit geen werd deze heeft hij was zij nu al toen worden hem zullen moet God Bijbel kerk Christus woord de het een van in is dat op te met voor niet zijn aan die ook als bij om er maar door nog wel wordt naar uit tot had kan dan over zo of wat dit geen werd deze heeft hij was zij nu al toen worden hem zullen moet God Bijbel kerk Christus woord de het een van in is dat op te met voor niet zijn aan die ook als bij om er maar door nog wel wordt naar uit tot had kan dan over zo of wat dit geen werd deze heeft hij was zij nu al toen worden hem zullen moet God Bijbel kerk Christus woord de het een van in is dat op te met voor niet zijn aan die ook als bij om er maar door nog wel wordt naar uit tot had kan dan over zo of wat dit geen werd deze heeft hij was zij nu al toen worden hem zullen moet God Bijbel kerk Christus woord de het een van in is dat op te met voor niet zijn aan die ook als bij om er maar door nog wel wordt naar uit tot had kan dan over zo of wat dit geen werd deze heeft hij was zij nu al toen worden hem zullen moet God Bijbel kerk Christus woord de het een van in is dat op te met voor niet zijn aan die ook als bij om er maar door nog wel wordt naar uit tot had kan dan over zo of wat dit geen werd deze heeft hij was zij nu al toen worden hem zullen moet God Bijbel kerk Christus woord de het een van in is dat op te met voor niet zijn aan die ook als bij om er maar door nog wel wordt naar uit tot had kan dan over zo of wat dit geen werd deze heeft hij was zij nu al toen worden hem zullen moet God Bijbel kerk Christus woord
